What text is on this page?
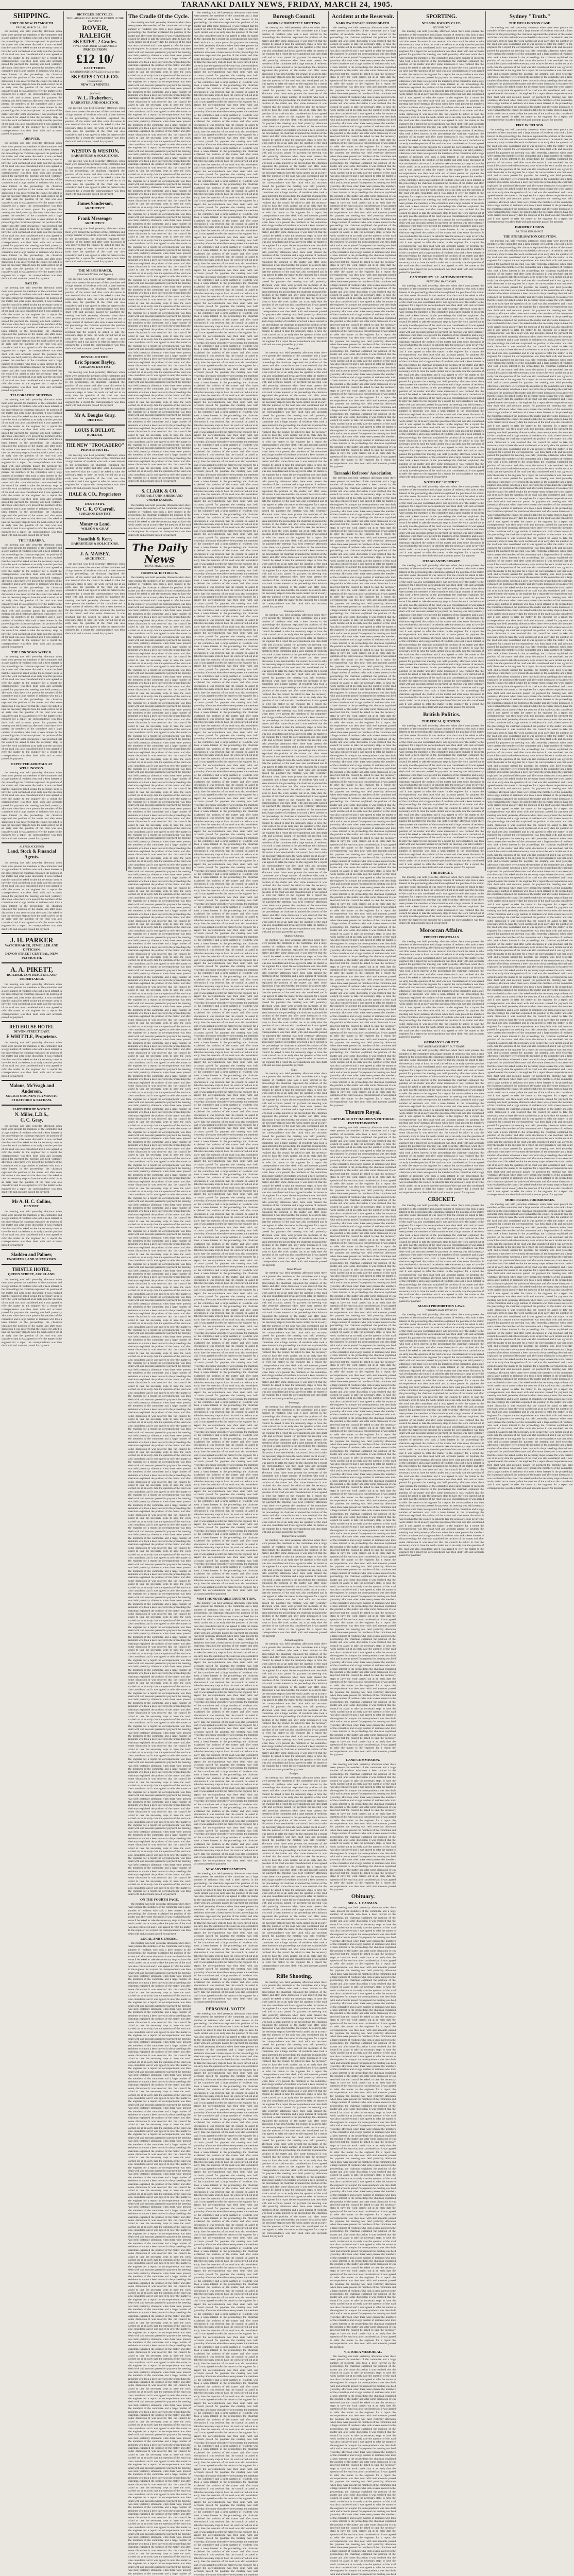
TARANAKI DAILY NEWS, FRIDAY, MARCH 24, 1905.
SHIPPING.
PORT OF NEW PLYMOUTH.
FRIDAY, MARCH 24, 1905.

the meeting was held yesterday afternoon when there were present the members of the committee and a large number of residents who took a keen interest in the proceedings the chairman explained the position of the matter and after some discussion it was resolved that the council be asked to take the necessary steps to have the work carried out at an early date the question of the road was also considered and it was agreed to refer the matter to the engineer for a report the correspondence was then dealt with and accounts passed for payment the meeting was held yesterday afternoon when there were present the members of the committee and a large number of residents who took a keen interest in the proceedings the chairman explained the position of the matter and after some discussion it was resolved that the council be asked to take the necessary steps to have the work carried out at an early date the question of the road was also considered and it was agreed to refer the matter to the engineer for a report the correspondence was then dealt with and accounts passed for payment the meeting was held yesterday afternoon when there were present the members of the committee and a large number of residents who took a keen interest in the proceedings the chairman explained the position of the matter and after some discussion it was resolved that the council be asked to take the necessary steps to have the work carried out at an early date the question of the road was also considered and it was agreed to refer the matter to the engineer for a report the correspondence was then dealt with and accounts passed for payment

ARRIVED.

the meeting was held yesterday afternoon when there were present the members of the committee and a large number of residents who took a keen interest in the proceedings the chairman explained the position of the matter and after some discussion it was resolved that the council be asked to take the necessary steps to have the work carried out at an early date the question of the road was also considered and it was agreed to refer the matter to the engineer for a report the correspondence was then dealt with and accounts passed for payment the meeting was held yesterday afternoon when there were present the members of the committee and a large number of residents who took a keen interest in the proceedings the chairman explained the position of the matter and after some discussion it was resolved that the council be asked to take the necessary steps to have the work carried out at an early date the question of the road was also considered and it was agreed to refer the matter to the engineer for a report the correspondence was then dealt with and accounts passed for payment the meeting was held yesterday afternoon when there were present the members of the committee and a large number of residents who took a keen interest in the proceedings the chairman explained the position of the matter and after some discussion it was resolved that the council be asked to take the necessary steps to have the work carried out at an early date the question of the road was also considered and it was agreed to refer the matter to the engineer for a report the correspondence was then dealt with and accounts passed for payment the meeting was held yesterday afternoon when there were present the members of the committee and a large number of residents who took a keen interest in the proceedings the chairman explained the position of the matter and after some discussion it was resolved that the council be asked to take the necessary steps to have the work carried out at an early date the question of the road was also considered and it was agreed to refer the matter to the engineer for a report the correspondence was then dealt with and accounts passed for payment

SAILED.

the meeting was held yesterday afternoon when there were present the members of the committee and a large number of residents who took a keen interest in the proceedings the chairman explained the position of the matter and after some discussion it was resolved that the council be asked to take the necessary steps to have the work carried out at an early date the question of the road was also considered and it was agreed to refer the matter to the engineer for a report the correspondence was then dealt with and accounts passed for payment the meeting was held yesterday afternoon when there were present the members of the committee and a large number of residents who took a keen interest in the proceedings the chairman explained the position of the matter and after some discussion it was resolved that the council be asked to take the necessary steps to have the work carried out at an early date the question of the road was also considered and it was agreed to refer the matter to the engineer for a report the correspondence was then dealt with and accounts passed for payment the meeting was held yesterday afternoon when there were present the members of the committee and a large number of residents who took a keen interest in the proceedings the chairman explained the position of the matter and after some discussion it was resolved that the council be asked to take the necessary steps to have the work carried out at an early date the question of the road was also considered and it was agreed to refer the matter to the engineer for a report the correspondence was then dealt with and accounts passed for payment

TELEGRAPHIC SHIPPING.

the meeting was held yesterday afternoon when there were present the members of the committee and a large number of residents who took a keen interest in the proceedings the chairman explained the position of the matter and after some discussion it was resolved that the council be asked to take the necessary steps to have the work carried out at an early date the question of the road was also considered and it was agreed to refer the matter to the engineer for a report the correspondence was then dealt with and accounts passed for payment the meeting was held yesterday afternoon when there were present the members of the committee and a large number of residents who took a keen interest in the proceedings the chairman explained the position of the matter and after some discussion it was resolved that the council be asked to take the necessary steps to have the work carried out at an early date the question of the road was also considered and it was agreed to refer the matter to the engineer for a report the correspondence was then dealt with and accounts passed for payment the meeting was held yesterday afternoon when there were present the members of the committee and a large number of residents who took a keen interest in the proceedings the chairman explained the position of the matter and after some discussion it was resolved that the council be asked to take the necessary steps to have the work carried out at an early date the question of the road was also considered and it was agreed to refer the matter to the engineer for a report the correspondence was then dealt with and accounts passed for payment the meeting was held yesterday afternoon when there were present the members of the committee and a large number of residents who took a keen interest in the proceedings the chairman explained the position of the matter and after some discussion it was resolved that the council be asked to take the necessary steps to have the work carried out at an early date the question of the road was also considered and it was agreed to refer the matter to the engineer for a report the correspondence was then dealt with and accounts passed for payment

THE PILBARRA.

the meeting was held yesterday afternoon when there were present the members of the committee and a large number of residents who took a keen interest in the proceedings the chairman explained the position of the matter and after some discussion it was resolved that the council be asked to take the necessary steps to have the work carried out at an early date the question of the road was also considered and it was agreed to refer the matter to the engineer for a report the correspondence was then dealt with and accounts passed for payment the meeting was held yesterday afternoon when there were present the members of the committee and a large number of residents who took a keen interest in the proceedings the chairman explained the position of the matter and after some discussion it was resolved that the council be asked to take the necessary steps to have the work carried out at an early date the question of the road was also considered and it was agreed to refer the matter to the engineer for a report the correspondence was then dealt with and accounts passed for payment the meeting was held yesterday afternoon when there were present the members of the committee and a large number of residents who took a keen interest in the proceedings the chairman explained the position of the matter and after some discussion it was resolved that the council be asked to take the necessary steps to have the work carried out at an early date the question of the road was also considered and it was agreed to refer the matter to the engineer for a report the correspondence was then dealt with and accounts passed for payment

THE UNKNOWN WRECK.

the meeting was held yesterday afternoon when there were present the members of the committee and a large number of residents who took a keen interest in the proceedings the chairman explained the position of the matter and after some discussion it was resolved that the council be asked to take the necessary steps to have the work carried out at an early date the question of the road was also considered and it was agreed to refer the matter to the engineer for a report the correspondence was then dealt with and accounts passed for payment the meeting was held yesterday afternoon when there were present the members of the committee and a large number of residents who took a keen interest in the proceedings the chairman explained the position of the matter and after some discussion it was resolved that the council be asked to take the necessary steps to have the work carried out at an early date the question of the road was also considered and it was agreed to refer the matter to the engineer for a report the correspondence was then dealt with and accounts passed for payment the meeting was held yesterday afternoon when there were present the members of the committee and a large number of residents who took a keen interest in the proceedings the chairman explained the position of the matter and after some discussion it was resolved that the council be asked to take the necessary steps to have the work carried out at an early date the question of the road was also considered and it was agreed to refer the matter to the engineer for a report the correspondence was then dealt with and accounts passed for payment

EXPECTED ARRIVALS AT WELLINGTON.

the meeting was held yesterday afternoon when there were present the members of the committee and a large number of residents who took a keen interest in the proceedings the chairman explained the position of the matter and after some discussion it was resolved that the council be asked to take the necessary steps to have the work carried out at an early date the question of the road was also considered and it was agreed to refer the matter to the engineer for a report the correspondence was then dealt with and accounts passed for payment the meeting was held yesterday afternoon when there were present the members of the committee and a large number of residents who took a keen interest in the proceedings the chairman explained the position of the matter and after some discussion it was resolved that the council be asked to take the necessary steps to have the work carried out at an early date the question of the road was also considered and it was agreed to refer the matter to the engineer for a report the correspondence was then dealt with and accounts passed for payment

ALFRED ATKINSON
Land, Stock & Financial Agents.

the meeting was held yesterday afternoon when there were present the members of the committee and a large number of residents who took a keen interest in the proceedings the chairman explained the position of the matter and after some discussion it was resolved that the council be asked to take the necessary steps to have the work carried out at an early date the question of the road was also considered and it was agreed to refer the matter to the engineer for a report the correspondence was then dealt with and accounts passed for payment the meeting was held yesterday afternoon when there were present the members of the committee and a large number of residents who took a keen interest in the proceedings the chairman explained the position of the matter and after some discussion it was resolved that the council be asked to take the necessary steps to have the work carried out at an early date the question of the road was also considered and it was agreed to refer the matter to the engineer for a report the correspondence was then dealt with and accounts passed for payment

J. H. PARKER
WATCHMAKER, JEWELLER AND OPTICIAN,
DEVON STREET CENTRAL, NEW PLYMOUTH.
A. A. PIKETT,
BUILDER, CONTRACTOR, AND UNDERTAKER.

the meeting was held yesterday afternoon when there were present the members of the committee and a large number of residents who took a keen interest in the proceedings the chairman explained the position of the matter and after some discussion it was resolved that the council be asked to take the necessary steps to have the work carried out at an early date the question of the road was also considered and it was agreed to refer the matter to the engineer for a report the correspondence was then dealt with and accounts passed for payment

RED HOUSE HOTEL
DEVON STREET EAST.
E WHITTLE, Proprietor.

the meeting was held yesterday afternoon when there were present the members of the committee and a large number of residents who took a keen interest in the proceedings the chairman explained the position of the matter and after some discussion it was resolved that the council be asked to take the necessary steps to have the work carried out at an early date the question of the road was also considered and it was agreed to refer the matter to the engineer for a report the correspondence was then dealt with and accounts passed for payment

Malone, McVeagh and Anderson,
SOLICITORS, NEW PLYMOUTH, STRATFORD & ELTHAM.
PARTNERSHIP NOTICE.
N. Miller, L.D.S.,
C. C. Gray,

the meeting was held yesterday afternoon when there were present the members of the committee and a large number of residents who took a keen interest in the proceedings the chairman explained the position of the matter and after some discussion it was resolved that the council be asked to take the necessary steps to have the work carried out at an early date the question of the road was also considered and it was agreed to refer the matter to the engineer for a report the correspondence was then dealt with and accounts passed for payment the meeting was held yesterday afternoon when there were present the members of the committee and a large number of residents who took a keen interest in the proceedings the chairman explained the position of the matter and after some discussion it was resolved that the council be asked to take the necessary steps to have the work carried out at an early date the question of the road was also considered and it was agreed to refer the matter to the engineer for a report the correspondence was then dealt with and accounts passed for payment

Mr A. H. C. Collins,
DENTIST.

the meeting was held yesterday afternoon when there were present the members of the committee and a large number of residents who took a keen interest in the proceedings the chairman explained the position of the matter and after some discussion it was resolved that the council be asked to take the necessary steps to have the work carried out at an early date the question of the road was also considered and it was agreed to refer the matter to the engineer for a report the correspondence was then dealt with and accounts passed for payment

Sladden and Palmer,
ENGINEERS AND SURVEYORS.
THISTLE HOTEL,
QUEEN STREET, AUCKLAND.

the meeting was held yesterday afternoon when there were present the members of the committee and a large number of residents who took a keen interest in the proceedings the chairman explained the position of the matter and after some discussion it was resolved that the council be asked to take the necessary steps to have the work carried out at an early date the question of the road was also considered and it was agreed to refer the matter to the engineer for a report the correspondence was then dealt with and accounts passed for payment the meeting was held yesterday afternoon when there were present the members of the committee and a large number of residents who took a keen interest in the proceedings the chairman explained the position of the matter and after some discussion it was resolved that the council be asked to take the necessary steps to have the work carried out at an early date the question of the road was also considered and it was agreed to refer the matter to the engineer for a report the correspondence was then dealt with and accounts passed for payment

BICYCLES. BICYCLES.
THE LARGEST AND BEST SELECTION IN THE PROVINCE.
ROVER,
RALEIGH
SKEATES', 2 Grades.
STYLE AND FINISH GUARANTEED.
PRICES FROM
£12 10/
EASY TERMS.
SECONDHAND BICYCLES for sale or hire.
SKEATES CYCLE CO.
Devon Street,
NEW PLYMOUTH.
(A Card.)
W. L. Fitzherbert,
BARRISTER AND SOLICITOR.

the meeting was held yesterday afternoon when there were present the members of the committee and a large number of residents who took a keen interest in the proceedings the chairman explained the position of the matter and after some discussion it was resolved that the council be asked to take the necessary steps to have the work carried out at an early date the question of the road was also considered and it was agreed to refer the matter to the engineer for a report the correspondence was then dealt with and accounts passed for payment

WESTON & WESTON,
BARRISTERS & SOLICITORS.

the meeting was held yesterday afternoon when there were present the members of the committee and a large number of residents who took a keen interest in the proceedings the chairman explained the position of the matter and after some discussion it was resolved that the council be asked to take the necessary steps to have the work carried out at an early date the question of the road was also considered and it was agreed to refer the matter to the engineer for a report the correspondence was then dealt with and accounts passed for payment

James Sanderson,
ARCHITECT.
Frank Messenger
ARCHITECT.

the meeting was held yesterday afternoon when there were present the members of the committee and a large number of residents who took a keen interest in the proceedings the chairman explained the position of the matter and after some discussion it was resolved that the council be asked to take the necessary steps to have the work carried out at an early date the question of the road was also considered and it was agreed to refer the matter to the engineer for a report the correspondence was then dealt with and accounts passed for payment

THE MISSES BAKER,
(Shorthand Writers and Typists.)

the meeting was held yesterday afternoon when there were present the members of the committee and a large number of residents who took a keen interest in the proceedings the chairman explained the position of the matter and after some discussion it was resolved that the council be asked to take the necessary steps to have the work carried out at an early date the question of the road was also considered and it was agreed to refer the matter to the engineer for a report the correspondence was then dealt with and accounts passed for payment the meeting was held yesterday afternoon when there were present the members of the committee and a large number of residents who took a keen interest in the proceedings the chairman explained the position of the matter and after some discussion it was resolved that the council be asked to take the necessary steps to have the work carried out at an early date the question of the road was also considered and it was agreed to refer the matter to the engineer for a report the correspondence was then dealt with and accounts passed for payment

DENTAL NOTICE.
Eric Spencer Bayley,
SURGEON DENTIST.

the meeting was held yesterday afternoon when there were present the members of the committee and a large number of residents who took a keen interest in the proceedings the chairman explained the position of the matter and after some discussion it was resolved that the council be asked to take the necessary steps to have the work carried out at an early date the question of the road was also considered and it was agreed to refer the matter to the engineer for a report the correspondence was then dealt with and accounts passed for payment

Mr A. Douglas Gray,
DENTIST.
LOUIS F. BULLOT,
BUILDER.
THE NEW "TROCADERO"
PRIVATE HOTEL.

the meeting was held yesterday afternoon when there were present the members of the committee and a large number of residents who took a keen interest in the proceedings the chairman explained the position of the matter and after some discussion it was resolved that the council be asked to take the necessary steps to have the work carried out at an early date the question of the road was also considered and it was agreed to refer the matter to the engineer for a report the correspondence was then dealt with and accounts passed for payment

HALE & CO., Proprietors
DENTISTRY.
Mr C. R. O'Carroll,
SURGEON DENTIST.
Money to Lend.
WILSON & GRAY
Standish & Kerr,
BARRISTERS & SOLICITORS.
J. A. MAISEY,
ARCHITECT.

the meeting was held yesterday afternoon when there were present the members of the committee and a large number of residents who took a keen interest in the proceedings the chairman explained the position of the matter and after some discussion it was resolved that the council be asked to take the necessary steps to have the work carried out at an early date the question of the road was also considered and it was agreed to refer the matter to the engineer for a report the correspondence was then dealt with and accounts passed for payment the meeting was held yesterday afternoon when there were present the members of the committee and a large number of residents who took a keen interest in the proceedings the chairman explained the position of the matter and after some discussion it was resolved that the council be asked to take the necessary steps to have the work carried out at an early date the question of the road was also considered and it was agreed to refer the matter to the engineer for a report the correspondence was then dealt with and accounts passed for payment

The Cradle Of the Cycle.

the meeting was held yesterday afternoon when there were present the members of the committee and a large number of residents who took a keen interest in the proceedings the chairman explained the position of the matter and after some discussion it was resolved that the council be asked to take the necessary steps to have the work carried out at an early date the question of the road was also considered and it was agreed to refer the matter to the engineer for a report the correspondence was then dealt with and accounts passed for payment the meeting was held yesterday afternoon when there were present the members of the committee and a large number of residents who took a keen interest in the proceedings the chairman explained the position of the matter and after some discussion it was resolved that the council be asked to take the necessary steps to have the work carried out at an early date the question of the road was also considered and it was agreed to refer the matter to the engineer for a report the correspondence was then dealt with and accounts passed for payment the meeting was held yesterday afternoon when there were present the members of the committee and a large number of residents who took a keen interest in the proceedings the chairman explained the position of the matter and after some discussion it was resolved that the council be asked to take the necessary steps to have the work carried out at an early date the question of the road was also considered and it was agreed to refer the matter to the engineer for a report the correspondence was then dealt with and accounts passed for payment the meeting was held yesterday afternoon when there were present the members of the committee and a large number of residents who took a keen interest in the proceedings the chairman explained the position of the matter and after some discussion it was resolved that the council be asked to take the necessary steps to have the work carried out at an early date the question of the road was also considered and it was agreed to refer the matter to the engineer for a report the correspondence was then dealt with and accounts passed for payment the meeting was held yesterday afternoon when there were present the members of the committee and a large number of residents who took a keen interest in the proceedings the chairman explained the position of the matter and after some discussion it was resolved that the council be asked to take the necessary steps to have the work carried out at an early date the question of the road was also considered and it was agreed to refer the matter to the engineer for a report the correspondence was then dealt with and accounts passed for payment the meeting was held yesterday afternoon when there were present the members of the committee and a large number of residents who took a keen interest in the proceedings the chairman explained the position of the matter and after some discussion it was resolved that the council be asked to take the necessary steps to have the work carried out at an early date the question of the road was also considered and it was agreed to refer the matter to the engineer for a report the correspondence was then dealt with and accounts passed for payment the meeting was held yesterday afternoon when there were present the members of the committee and a large number of residents who took a keen interest in the proceedings the chairman explained the position of the matter and after some discussion it was resolved that the council be asked to take the necessary steps to have the work carried out at an early date the question of the road was also considered and it was agreed to refer the matter to the engineer for a report the correspondence was then dealt with and accounts passed for payment the meeting was held yesterday afternoon when there were present the members of the committee and a large number of residents who took a keen interest in the proceedings the chairman explained the position of the matter and after some discussion it was resolved that the council be asked to take the necessary steps to have the work carried out at an early date the question of the road was also considered and it was agreed to refer the matter to the engineer for a report the correspondence was then dealt with and accounts passed for payment the meeting was held yesterday afternoon when there were present the members of the committee and a large number of residents who took a keen interest in the proceedings the chairman explained the position of the matter and after some discussion it was resolved that the council be asked to take the necessary steps to have the work carried out at an early date the question of the road was also considered and it was agreed to refer the matter to the engineer for a report the correspondence was then dealt with and accounts passed for payment the meeting was held yesterday afternoon when there were present the members of the committee and a large number of residents who took a keen interest in the proceedings the chairman explained the position of the matter and after some discussion it was resolved that the council be asked to take the necessary steps to have the work carried out at an early date the question of the road was also considered and it was agreed to refer the matter to the engineer for a report the correspondence was then dealt with and accounts passed for payment the meeting was held yesterday afternoon when there were present the members of the committee and a large number of residents who took a keen interest in the proceedings the chairman explained the position of the matter and after some discussion it was resolved that the council be asked to take the necessary steps to have the work carried out at an early date the question of the road was also considered and it was agreed to refer the matter to the engineer for a report the correspondence was then dealt with and accounts passed for payment the meeting was held yesterday afternoon when there were present the members of the committee and a large number of residents who took a keen interest in the proceedings the chairman explained the position of the matter and after some discussion it was resolved that the council be asked to take the necessary steps to have the work carried out at an early date the question of the road was also considered and it was agreed to refer the matter to the engineer for a report the correspondence was then dealt with and accounts passed for payment the meeting was held yesterday afternoon when there were present the members of the committee and a large number of residents who took a keen interest in the proceedings the chairman explained the position of the matter and after some discussion it was resolved that the council be asked to take the necessary steps to have the work carried out at an early date the question of the road was also considered and it was agreed to refer the matter to the engineer for a report the correspondence was then dealt with and accounts passed for payment the meeting was held yesterday afternoon when there were present the members of the committee and a large number of residents who took a keen interest in the proceedings the chairman explained the position of the matter and after some discussion it was resolved that the council be asked to take the necessary steps to have the work carried out at an early date the question of the road was also considered and it was agreed to refer the matter to the engineer for a report the correspondence was then dealt with and accounts passed for payment

S. CLARK & CO.
FUNERAL FURNISHERS AND UNDERTAKERS.

the meeting was held yesterday afternoon when there were present the members of the committee and a large number of residents who took a keen interest in the proceedings the chairman explained the position of the matter and after some discussion it was resolved that the council be asked to take the necessary steps to have the work carried out at an early date the question of the road was also considered and it was agreed to refer the matter to the engineer for a report the correspondence was then dealt with and accounts passed for payment

The Daily News
FRIDAY, MARCH 24, 1905.
HOSPITAL DISTRICTS.

the meeting was held yesterday afternoon when there were present the members of the committee and a large number of residents who took a keen interest in the proceedings the chairman explained the position of the matter and after some discussion it was resolved that the council be asked to take the necessary steps to have the work carried out at an early date the question of the road was also considered and it was agreed to refer the matter to the engineer for a report the correspondence was then dealt with and accounts passed for payment the meeting was held yesterday afternoon when there were present the members of the committee and a large number of residents who took a keen interest in the proceedings the chairman explained the position of the matter and after some discussion it was resolved that the council be asked to take the necessary steps to have the work carried out at an early date the question of the road was also considered and it was agreed to refer the matter to the engineer for a report the correspondence was then dealt with and accounts passed for payment the meeting was held yesterday afternoon when there were present the members of the committee and a large number of residents who took a keen interest in the proceedings the chairman explained the position of the matter and after some discussion it was resolved that the council be asked to take the necessary steps to have the work carried out at an early date the question of the road was also considered and it was agreed to refer the matter to the engineer for a report the correspondence was then dealt with and accounts passed for payment the meeting was held yesterday afternoon when there were present the members of the committee and a large number of residents who took a keen interest in the proceedings the chairman explained the position of the matter and after some discussion it was resolved that the council be asked to take the necessary steps to have the work carried out at an early date the question of the road was also considered and it was agreed to refer the matter to the engineer for a report the correspondence was then dealt with and accounts passed for payment the meeting was held yesterday afternoon when there were present the members of the committee and a large number of residents who took a keen interest in the proceedings the chairman explained the position of the matter and after some discussion it was resolved that the council be asked to take the necessary steps to have the work carried out at an early date the question of the road was also considered and it was agreed to refer the matter to the engineer for a report the correspondence was then dealt with and accounts passed for payment the meeting was held yesterday afternoon when there were present the members of the committee and a large number of residents who took a keen interest in the proceedings the chairman explained the position of the matter and after some discussion it was resolved that the council be asked to take the necessary steps to have the work carried out at an early date the question of the road was also considered and it was agreed to refer the matter to the engineer for a report the correspondence was then dealt with and accounts passed for payment the meeting was held yesterday afternoon when there were present the members of the committee and a large number of residents who took a keen interest in the proceedings the chairman explained the position of the matter and after some discussion it was resolved that the council be asked to take the necessary steps to have the work carried out at an early date the question of the road was also considered and it was agreed to refer the matter to the engineer for a report the correspondence was then dealt with and accounts passed for payment the meeting was held yesterday afternoon when there were present the members of the committee and a large number of residents who took a keen interest in the proceedings the chairman explained the position of the matter and after some discussion it was resolved that the council be asked to take the necessary steps to have the work carried out at an early date the question of the road was also considered and it was agreed to refer the matter to the engineer for a report the correspondence was then dealt with and accounts passed for payment the meeting was held yesterday afternoon when there were present the members of the committee and a large number of residents who took a keen interest in the proceedings the chairman explained the position of the matter and after some discussion it was resolved that the council be asked to take the necessary steps to have the work carried out at an early date the question of the road was also considered and it was agreed to refer the matter to the engineer for a report the correspondence was then dealt with and accounts passed for payment the meeting was held yesterday afternoon when there were present the members of the committee and a large number of residents who took a keen interest in the proceedings the chairman explained the position of the matter and after some discussion it was resolved that the council be asked to take the necessary steps to have the work carried out at an early date the question of the road was also considered and it was agreed to refer the matter to the engineer for a report the correspondence was then dealt with and accounts passed for payment the meeting was held yesterday afternoon when there were present the members of the committee and a large number of residents who took a keen interest in the proceedings the chairman explained the position of the matter and after some discussion it was resolved that the council be asked to take the necessary steps to have the work carried out at an early date the question of the road was also considered and it was agreed to refer the matter to the engineer for a report the correspondence was then dealt with and accounts passed for payment the meeting was held yesterday afternoon when there were present the members of the committee and a large number of residents who took a keen interest in the proceedings the chairman explained the position of the matter and after some discussion it was resolved that the council be asked to take the necessary steps to have the work carried out at an early date the question of the road was also considered and it was agreed to refer the matter to the engineer for a report the correspondence was then dealt with and accounts passed for payment the meeting was held yesterday afternoon when there were present the members of the committee and a large number of residents who took a keen interest in the proceedings the chairman explained the position of the matter and after some discussion it was resolved that the council be asked to take the necessary steps to have the work carried out at an early date the question of the road was also considered and it was agreed to refer the matter to the engineer for a report the correspondence was then dealt with and accounts passed for payment the meeting was held yesterday afternoon when there were present the members of the committee and a large number of residents who took a keen interest in the proceedings the chairman explained the position of the matter and after some discussion it was resolved that the council be asked to take the necessary steps to have the work carried out at an early date the question of the road was also considered and it was agreed to refer the matter to the engineer for a report the correspondence was then dealt with and accounts passed for payment the meeting was held yesterday afternoon when there were present the members of the committee and a large number of residents who took a keen interest in the proceedings the chairman explained the position of the matter and after some discussion it was resolved that the council be asked to take the necessary steps to have the work carried out at an early date the question of the road was also considered and it was agreed to refer the matter to the engineer for a report the correspondence was then dealt with and accounts passed for payment the meeting was held yesterday afternoon when there were present the members of the committee and a large number of residents who took a keen interest in the proceedings the chairman explained the position of the matter and after some discussion it was resolved that the council be asked to take the necessary steps to have the work carried out at an early date the question of the road was also considered and it was agreed to refer the matter to the engineer for a report the correspondence was then dealt with and accounts passed for payment the meeting was held yesterday afternoon when there were present the members of the committee and a large number of residents who took a keen interest in the proceedings the chairman explained the position of the matter and after some discussion it was resolved that the council be asked to take the necessary steps to have the work carried out at an early date the question of the road was also considered and it was agreed to refer the matter to the engineer for a report the correspondence was then dealt with and accounts passed for payment the meeting was held yesterday afternoon when there were present the members of the committee and a large number of residents who took a keen interest in the proceedings the chairman explained the position of the matter and after some discussion it was resolved that the council be asked to take the necessary steps to have the work carried out at an early date the question of the road was also considered and it was agreed to refer the matter to the engineer for a report the correspondence was then dealt with and accounts passed for payment the meeting was held yesterday afternoon when there were present the members of the committee and a large number of residents who took a keen interest in the proceedings the chairman explained the position of the matter and after some discussion it was resolved that the council be asked to take the necessary steps to have the work carried out at an early date the question of the road was also considered and it was agreed to refer the matter to the engineer for a report the correspondence was then dealt with and accounts passed for payment the meeting was held yesterday afternoon when there were present the members of the committee and a large number of residents who took a keen interest in the proceedings the chairman explained the position of the matter and after some discussion it was resolved that the council be asked to take the necessary steps to have the work carried out at an early date the question of the road was also considered and it was agreed to refer the matter to the engineer for a report the correspondence was then dealt with and accounts passed for payment the meeting was held yesterday afternoon when there were present the members of the committee and a large number of residents who took a keen interest in the proceedings the chairman explained the position of the matter and after some discussion it was resolved that the council be asked to take the necessary steps to have the work carried out at an early date the question of the road was also considered and it was agreed to refer the matter to the engineer for a report the correspondence was then dealt with and accounts passed for payment the meeting was held yesterday afternoon when there were present the members of the committee and a large number of residents who took a keen interest in the proceedings the chairman explained the position of the matter and after some discussion it was resolved that the council be asked to take the necessary steps to have the work carried out at an early date the question of the road was also considered and it was agreed to refer the matter to the engineer for a report the correspondence was then dealt with and accounts passed for payment the meeting was held yesterday afternoon when there were present the members of the committee and a large number of residents who took a keen interest in the proceedings the chairman explained the position of the matter and after some discussion it was resolved that the council be asked to take the necessary steps to have the work carried out at an early date the question of the road was also considered and it was agreed to refer the matter to the engineer for a report the correspondence was then dealt with and accounts passed for payment the meeting was held yesterday afternoon when there were present the members of the committee and a large number of residents who took a keen interest in the proceedings the chairman explained the position of the matter and after some discussion it was resolved that the council be asked to take the necessary steps to have the work carried out at an early date the question of the road was also considered and it was agreed to refer the matter to the engineer for a report the correspondence was then dealt with and accounts passed for payment the meeting was held yesterday afternoon when there were present the members of the committee and a large number of residents who took a keen interest in the proceedings the chairman explained the position of the matter and after some discussion it was resolved that the council be asked to take the necessary steps to have the work carried out at an early date the question of the road was also considered and it was agreed to refer the matter to the engineer for a report the correspondence was then dealt with and accounts passed for payment the meeting was held yesterday afternoon when there were present the members of the committee and a large number of residents who took a keen interest in the proceedings the chairman explained the position of the matter and after some discussion it was resolved that the council be asked to take the necessary steps to have the work carried out at an early date the question of the road was also considered and it was agreed to refer the matter to the engineer for a report the correspondence was then dealt with and accounts passed for payment the meeting was held yesterday afternoon when there were present the members of the committee and a large number of residents who took a keen interest in the proceedings the chairman explained the position of the matter and after some discussion it was resolved that the council be asked to take the necessary steps to have the work carried out at an early date the question of the road was also considered and it was agreed to refer the matter to the engineer for a report the correspondence was then dealt with and accounts passed for payment the meeting was held yesterday afternoon when there were present the members of the committee and a large number of residents who took a keen interest in the proceedings the chairman explained the position of the matter and after some discussion it was resolved that the council be asked to take the necessary steps to have the work carried out at an early date the question of the road was also considered and it was agreed to refer the matter to the engineer for a report the correspondence was then dealt with and accounts passed for payment the meeting was held yesterday afternoon when there were present the members of the committee and a large number of residents who took a keen interest in the proceedings the chairman explained the position of the matter and after some discussion it was resolved that the council be asked to take the necessary steps to have the work carried out at an early date the question of the road was also considered and it was agreed to refer the matter to the engineer for a report the correspondence was then dealt with and accounts passed for payment the meeting was held yesterday afternoon when there were present the members of the committee and a large number of residents who took a keen interest in the proceedings the chairman explained the position of the matter and after some discussion it was resolved that the council be asked to take the necessary steps to have the work carried out at an early date the question of the road was also considered and it was agreed to refer the matter to the engineer for a report the correspondence was then dealt with and accounts passed for payment the meeting was held yesterday afternoon when there were present the members of the committee and a large number of residents who took a keen interest in the proceedings the chairman explained the position of the matter and after some discussion it was resolved that the council be asked to take the necessary steps to have the work carried out at an early date the question of the road was also considered and it was agreed to refer the matter to the engineer for a report the correspondence was then dealt with and accounts passed for payment the meeting was held yesterday afternoon when there were present the members of the committee and a large number of residents who took a keen interest in the proceedings the chairman explained the position of the matter and after some discussion it was resolved that the council be asked to take the necessary steps to have the work carried out at an early date the question of the road was also considered and it was agreed to refer the matter to the engineer for a report the correspondence was then dealt with and accounts passed for payment the meeting was held yesterday afternoon when there were present the members of the committee and a large number of residents who took a keen interest in the proceedings the chairman explained the position of the matter and after some discussion it was resolved that the council be asked to take the necessary steps to have the work carried out at an early date the question of the road was also considered and it was agreed to refer the matter to the engineer for a report the correspondence was then dealt with and accounts passed for payment the meeting was held yesterday afternoon when there were present the members of the committee and a large number of residents who took a keen interest in the proceedings the chairman explained the position of the matter and after some discussion it was resolved that the council be asked to take the necessary steps to have the work carried out at an early date the question of the road was also considered and it was agreed to refer the matter to the engineer for a report the correspondence was then dealt with and accounts passed for payment the meeting was held yesterday afternoon when there were present the members of the committee and a large number of residents who took a keen interest in the proceedings the chairman explained the position of the matter and after some discussion it was resolved that the council be asked to take the necessary steps to have the work carried out at an early date the question of the road was also considered and it was agreed to refer the matter to the engineer for a report the correspondence was then dealt with and accounts passed for payment the meeting was held yesterday afternoon when there were present the members of the committee and a large number of residents who took a keen interest in the proceedings the chairman explained the position of the matter and after some discussion it was resolved that the council be asked to take the necessary steps to have the work carried out at an early date the question of the road was also considered and it was agreed to refer the matter to the engineer for a report the correspondence was then dealt with and accounts passed for payment the meeting was held yesterday afternoon when there were present the members of the committee and a large number of residents who took a keen interest in the proceedings the chairman explained the position of the matter and after some discussion it was resolved that the council be asked to take the necessary steps to have the work carried out at an early date the question of the road was also considered and it was agreed to refer the matter to the engineer for a report the correspondence was then dealt with and accounts passed for payment the meeting was held yesterday afternoon when there were present the members of the committee and a large number of residents who took a keen interest in the proceedings the chairman explained the position of the matter and after some discussion it was resolved that the council be asked to take the necessary steps to have the work carried out at an early date the question of the road was also considered and it was agreed to refer the matter to the engineer for a report the correspondence was then dealt with and accounts passed for payment the meeting was held yesterday afternoon when there were present the members of the committee and a large number of residents who took a keen interest in the proceedings the chairman explained the position of the matter and after some discussion it was resolved that the council be asked to take the necessary steps to have the work carried out at an early date the question of the road was also considered and it was agreed to refer the matter to the engineer for a report the correspondence was then dealt with and accounts passed for payment the meeting was held yesterday afternoon when there were present the members of the committee and a large number of residents who took a keen interest in the proceedings the chairman explained the position of the matter and after some discussion it was resolved that the council be asked to take the necessary steps to have the work carried out at an early date the question of the road was also considered and it was agreed to refer the matter to the engineer for a report the correspondence was then dealt with and accounts passed for payment

ON THE FOURTH PAGE.

the meeting was held yesterday afternoon when there were present the members of the committee and a large number of residents who took a keen interest in the proceedings the chairman explained the position of the matter and after some discussion it was resolved that the council be asked to take the necessary steps to have the work carried out at an early date the question of the road was also considered and it was agreed to refer the matter to the engineer for a report the correspondence was then dealt with and accounts passed for payment

LOCAL AND GENERAL.

the meeting was held yesterday afternoon when there were present the members of the committee and a large number of residents who took a keen interest in the proceedings the chairman explained the position of the matter and after some discussion it was resolved that the council be asked to take the necessary steps to have the work carried out at an early date the question of the road was also considered and it was agreed to refer the matter to the engineer for a report the correspondence was then dealt with and accounts passed for payment the meeting was held yesterday afternoon when there were present the members of the committee and a large number of residents who took a keen interest in the proceedings the chairman explained the position of the matter and after some discussion it was resolved that the council be asked to take the necessary steps to have the work carried out at an early date the question of the road was also considered and it was agreed to refer the matter to the engineer for a report the correspondence was then dealt with and accounts passed for payment the meeting was held yesterday afternoon when there were present the members of the committee and a large number of residents who took a keen interest in the proceedings the chairman explained the position of the matter and after some discussion it was resolved that the council be asked to take the necessary steps to have the work carried out at an early date the question of the road was also considered and it was agreed to refer the matter to the engineer for a report the correspondence was then dealt with and accounts passed for payment the meeting was held yesterday afternoon when there were present the members of the committee and a large number of residents who took a keen interest in the proceedings the chairman explained the position of the matter and after some discussion it was resolved that the council be asked to take the necessary steps to have the work carried out at an early date the question of the road was also considered and it was agreed to refer the matter to the engineer for a report the correspondence was then dealt with and accounts passed for payment the meeting was held yesterday afternoon when there were present the members of the committee and a large number of residents who took a keen interest in the proceedings the chairman explained the position of the matter and after some discussion it was resolved that the council be asked to take the necessary steps to have the work carried out at an early date the question of the road was also considered and it was agreed to refer the matter to the engineer for a report the correspondence was then dealt with and accounts passed for payment the meeting was held yesterday afternoon when there were present the members of the committee and a large number of residents who took a keen interest in the proceedings the chairman explained the position of the matter and after some discussion it was resolved that the council be asked to take the necessary steps to have the work carried out at an early date the question of the road was also considered and it was agreed to refer the matter to the engineer for a report the correspondence was then dealt with and accounts passed for payment the meeting was held yesterday afternoon when there were present the members of the committee and a large number of residents who took a keen interest in the proceedings the chairman explained the position of the matter and after some discussion it was resolved that the council be asked to take the necessary steps to have the work carried out at an early date the question of the road was also considered and it was agreed to refer the matter to the engineer for a report the correspondence was then dealt with and accounts passed for payment the meeting was held yesterday afternoon when there were present the members of the committee and a large number of residents who took a keen interest in the proceedings the chairman explained the position of the matter and after some discussion it was resolved that the council be asked to take the necessary steps to have the work carried out at an early date the question of the road was also considered and it was agreed to refer the matter to the engineer for a report the correspondence was then dealt with and accounts passed for payment the meeting was held yesterday afternoon when there were present the members of the committee and a large number of residents who took a keen interest in the proceedings the chairman explained the position of the matter and after some discussion it was resolved that the council be asked to take the necessary steps to have the work carried out at an early date the question of the road was also considered and it was agreed to refer the matter to the engineer for a report the correspondence was then dealt with and accounts passed for payment the meeting was held yesterday afternoon when there were present the members of the committee and a large number of residents who took a keen interest in the proceedings the chairman explained the position of the matter and after some discussion it was resolved that the council be asked to take the necessary steps to have the work carried out at an early date the question of the road was also considered and it was agreed to refer the matter to the engineer for a report the correspondence was then dealt with and accounts passed for payment the meeting was held yesterday afternoon when there were present the members of the committee and a large number of residents who took a keen interest in the proceedings the chairman explained the position of the matter and after some discussion it was resolved that the council be asked to take the necessary steps to have the work carried out at an early date the question of the road was also considered and it was agreed to refer the matter to the engineer for a report the correspondence was then dealt with and accounts passed for payment the meeting was held yesterday afternoon when there were present the members of the committee and a large number of residents who took a keen interest in the proceedings the chairman explained the position of the matter and after some discussion it was resolved that the council be asked to take the necessary steps to have the work carried out at an early date the question of the road was also considered and it was agreed to refer the matter to the engineer for a report the correspondence was then dealt with and accounts passed for payment the meeting was held yesterday afternoon when there were present the members of the committee and a large number of residents who took a keen interest in the proceedings the chairman explained the position of the matter and after some discussion it was resolved that the council be asked to take the necessary steps to have the work carried out at an early date the question of the road was also considered and it was agreed to refer the matter to the engineer for a report the correspondence was then dealt with and accounts passed for payment the meeting was held yesterday afternoon when there were present the members of the committee and a large number of residents who took a keen interest in the proceedings the chairman explained the position of the matter and after some discussion it was resolved that the council be asked to take the necessary steps to have the work carried out at an early date the question of the road was also considered and it was agreed to refer the matter to the engineer for a report the correspondence was then dealt with and accounts passed for payment the meeting was held yesterday afternoon when there were present the members of the committee and a large number of residents who took a keen interest in the proceedings the chairman explained the position of the matter and after some discussion it was resolved that the council be asked to take the necessary steps to have the work carried out at an early date the question of the road was also considered and it was agreed to refer the matter to the engineer for a report the correspondence was then dealt with and accounts passed for payment the meeting was held yesterday afternoon when there were present the members of the committee and a large number of residents who took a keen interest in the proceedings the chairman explained the position of the matter and after some discussion it was resolved that the council be asked to take the necessary steps to have the work carried out at an early date the question of the road was also considered and it was agreed to refer the matter to the engineer for a report the correspondence was then dealt with and accounts passed for payment the meeting was held yesterday afternoon when there were present the members of the committee and a large number of residents who took a keen interest in the proceedings the chairman explained the position of the matter and after some discussion it was resolved that the council be asked to take the necessary steps to have the work carried out at an early date the question of the road was also considered and it was agreed to refer the matter to the engineer for a report the correspondence was then dealt with and accounts passed for payment the meeting was held yesterday afternoon when there were present the members of the committee and a large number of residents who took a keen interest in the proceedings the chairman explained the position of the matter and after some discussion it was resolved that the council be asked to take the necessary steps to have the work carried out at an early date the question of the road was also considered and it was agreed to refer the matter to the engineer for a report the correspondence was then dealt with and accounts passed for payment the meeting was held yesterday afternoon when there were present the members of the committee and a large number of residents who took a keen interest in the proceedings the chairman explained the position of the matter and after some discussion it was resolved that the council be asked to take the necessary steps to have the work carried out at an early date the question of the road was also considered and it was agreed to refer the matter to the engineer for a report the correspondence was then dealt with and accounts passed for payment the meeting was held yesterday afternoon when there were present the members of the committee and a large number of

the meeting was held yesterday afternoon when there were present the members of the committee and a large number of residents who took a keen interest in the proceedings the chairman explained the position of the matter and after some discussion it was resolved that the council be asked to take the necessary steps to have the work carried out at an early date the question of the road was also considered and it was agreed to refer the matter to the engineer for a report the correspondence was then dealt with and accounts passed for payment the meeting was held yesterday afternoon when there were present the members of the committee and a large number of residents who took a keen interest in the proceedings the chairman explained the position of the matter and after some discussion it was resolved that the council be asked to take the necessary steps to have the work carried out at an early date the question of the road was also considered and it was agreed to refer the matter to the engineer for a report the correspondence was then dealt with and accounts passed for payment the meeting was held yesterday afternoon when there were present the members of the committee and a large number of residents who took a keen interest in the proceedings the chairman explained the position of the matter and after some discussion it was resolved that the council be asked to take the necessary steps to have the work carried out at an early date the question of the road was also considered and it was agreed to refer the matter to the engineer for a report the correspondence was then dealt with and accounts passed for payment the meeting was held yesterday afternoon when there were present the members of the committee and a large number of residents who took a keen interest in the proceedings the chairman explained the position of the matter and after some discussion it was resolved that the council be asked to take the necessary steps to have the work carried out at an early date the question of the road was also considered and it was agreed to refer the matter to the engineer for a report the correspondence was then dealt with and accounts passed for payment the meeting was held yesterday afternoon when there were present the members of the committee and a large number of residents who took a keen interest in the proceedings the chairman explained the position of the matter and after some discussion it was resolved that the council be asked to take the necessary steps to have the work carried out at an early date the question of the road was also considered and it was agreed to refer the matter to the engineer for a report the correspondence was then dealt with and accounts passed for payment the meeting was held yesterday afternoon when there were present the members of the committee and a large number of residents who took a keen interest in the proceedings the chairman explained the position of the matter and after some discussion it was resolved that the council be asked to take the necessary steps to have the work carried out at an early date the question of the road was also considered and it was agreed to refer the matter to the engineer for a report the correspondence was then dealt with and accounts passed for payment the meeting was held yesterday afternoon when there were present the members of the committee and a large number of residents who took a keen interest in the proceedings the chairman explained the position of the matter and after some discussion it was resolved that the council be asked to take the necessary steps to have the work carried out at an early date the question of the road was also considered and it was agreed to refer the matter to the engineer for a report the correspondence was then dealt with and accounts passed for payment the meeting was held yesterday afternoon when there were present the members of the committee and a large number of residents who took a keen interest in the proceedings the chairman explained the position of the matter and after some discussion it was resolved that the council be asked to take the necessary steps to have the work carried out at an early date the question of the road was also considered and it was agreed to refer the matter to the engineer for a report the correspondence was then dealt with and accounts passed for payment the meeting was held yesterday afternoon when there were present the members of the committee and a large number of residents who took a keen interest in the proceedings the chairman explained the position of the matter and after some discussion it was resolved that the council be asked to take the necessary steps to have the work carried out at an early date the question of the road was also considered and it was agreed to refer the matter to the engineer for a report the correspondence was then dealt with and accounts passed for payment the meeting was held yesterday afternoon when there were present the members of the committee and a large number of residents who took a keen interest in the proceedings the chairman explained the position of the matter and after some discussion it was resolved that the council be asked to take the necessary steps to have the work carried out at an early date the question of the road was also considered and it was agreed to refer the matter to the engineer for a report the correspondence was then dealt with and accounts passed for payment the meeting was held yesterday afternoon when there were present the members of the committee and a large number of residents who took a keen interest in the proceedings the chairman explained the position of the matter and after some discussion it was resolved that the council be asked to take the necessary steps to have the work carried out at an early date the question of the road was also considered and it was agreed to refer the matter to the engineer for a report the correspondence was then dealt with and accounts passed for payment the meeting was held yesterday afternoon when there were present the members of the committee and a large number of residents who took a keen interest in the proceedings the chairman explained the position of the matter and after some discussion it was resolved that the council be asked to take the necessary steps to have the work carried out at an early date the question of the road was also considered and it was agreed to refer the matter to the engineer for a report the correspondence was then dealt with and accounts passed for payment the meeting was held yesterday afternoon when there were present the members of the committee and a large number of residents who took a keen interest in the proceedings the chairman explained the position of the matter and after some discussion it was resolved that the council be asked to take the necessary steps to have the work carried out at an early date the question of the road was also considered and it was agreed to refer the matter to the engineer for a report the correspondence was then dealt with and accounts passed for payment the meeting was held yesterday afternoon when there were present the members of the committee and a large number of residents who took a keen interest in the proceedings the chairman explained the position of the matter and after some discussion it was resolved that the council be asked to take the necessary steps to have the work carried out at an early date the question of the road was also considered and it was agreed to refer the matter to the engineer for a report the correspondence was then dealt with and accounts passed for payment the meeting was held yesterday afternoon when there were present the members of the committee and a large number of residents who took a keen interest in the proceedings the chairman explained the position of the matter and after some discussion it was resolved that the council be asked to take the necessary steps to have the work carried out at an early date the question of the road was also considered and it was agreed to refer the matter to the engineer for a report the correspondence was then dealt with and accounts passed for payment the meeting was held yesterday afternoon when there were present the members of the committee and a large number of residents who took a keen interest in the proceedings the chairman explained the position of the matter and after some discussion it was resolved that the council be asked to take the necessary steps to have the work carried out at an early date the question of the road was also considered and it was agreed to refer the matter to the engineer for a report the correspondence was then dealt with and accounts passed for payment the meeting was held yesterday afternoon when there were present the members of the committee and a large number of residents who took a keen interest in the proceedings the chairman explained the position of the matter and after some discussion it was resolved that the council be asked to take the necessary steps to have the work carried out at an early date the question of the road was also considered and it was agreed to refer the matter to the engineer for a report the correspondence was then dealt with and accounts passed for payment the meeting was held yesterday afternoon when there were present the members of the committee and a large number of residents who took a keen interest in the proceedings the chairman explained the position of the matter and after some discussion it was resolved that the council be asked to take the necessary steps to have the work carried out at an early date the question of the road was also considered and it was agreed to refer the matter to the engineer for a report the correspondence was then dealt with and accounts passed for payment the meeting was held yesterday afternoon when there were present the members of the committee and a large number of residents who took a keen interest in the proceedings the chairman explained the position of the matter and after some discussion it was resolved that the council be asked to take the necessary steps to have the work carried out at an early date the question of the road was also considered and it was agreed to refer the matter to the engineer for a report the correspondence was then dealt with and accounts passed for payment the meeting was held yesterday afternoon when there were present the members of the committee and a large number of residents who took a keen interest in the proceedings the chairman explained the position of the matter and after some discussion it was resolved that the council be asked to take the necessary steps to have the work carried out at an early date the question of the road was also considered and it was agreed to refer the matter to the engineer for a report the correspondence was then dealt with and accounts passed for payment the meeting was held yesterday afternoon when there were present the members of the committee and a large number of residents who took a keen interest in the proceedings the chairman explained the position of the matter and after some discussion it was resolved that the council be asked to take the necessary steps to have the work carried out at an early date the question of the road was also considered and it was agreed to refer the matter to the engineer for a report the correspondence was then dealt with and accounts passed for payment the meeting was held yesterday afternoon when there were present the members of the committee and a large number of residents who took a keen interest in the proceedings the chairman explained the position of the matter and after some discussion it was resolved that the council be asked to take the necessary steps to have the work carried out at an early date the question of the road was also considered and it was agreed to refer the matter to the engineer for a report the correspondence was then dealt with and accounts passed for payment the meeting was held yesterday afternoon when there were present the members of the committee and a large number of residents who took a keen interest in the proceedings the chairman explained the position of the matter and after some discussion it was resolved that the council be asked to take the necessary steps to have the work carried out at an early date the question of the road was also considered and it was agreed to refer the matter to the engineer for a report the correspondence was then dealt with and accounts passed for payment the meeting was held yesterday afternoon when there were present the members of the committee and a large number of residents who took a keen interest in the proceedings the chairman explained the position of the matter and after some discussion it was resolved that the council be asked to take the necessary steps to have the work carried out at an early date the question of the road was also considered and it was agreed to refer the matter to the engineer for a report the correspondence was then dealt with and accounts passed for payment the meeting was held yesterday afternoon when there were present the members of the committee and a large number of residents who took a keen interest in the proceedings the chairman explained the position of the matter and after some discussion it was resolved that the council be asked to take the necessary steps to have the work carried out at an early date the question of the road was also considered and it was agreed to refer the matter to the engineer for a report the correspondence was then dealt with and accounts passed for payment the meeting was held yesterday afternoon when there were present the members of the committee and a large number of residents who took a keen interest in the proceedings the chairman explained the position of the matter and after some discussion it was resolved that the council be asked to take the necessary steps to have the work carried out at an early date the question of the road was also considered and it was agreed to refer the matter to the engineer for a report the correspondence was then dealt with and accounts passed for payment the meeting was held yesterday afternoon when there were present the members of the committee and a large number of residents who took a keen interest in the proceedings the chairman explained the position of the matter and after some discussion it was resolved that the council be asked to take the necessary steps to have the work carried out at an early date the question of the road was also considered and it was agreed to refer the matter to the engineer for a report the correspondence was then dealt with and accounts passed for payment the meeting was held yesterday afternoon when there were present the members of the committee and a large number of residents who took a keen interest in the proceedings the chairman explained the position of the matter and after some discussion it was resolved that the council be asked to take the necessary steps to have the work carried out at an early date the question of the road was also considered and it was agreed to refer the matter to the engineer for a report the correspondence was then dealt with and accounts passed for payment the meeting was held yesterday afternoon when there were present the members of the committee and a large number of residents who took a keen interest in the proceedings the chairman explained the position of the matter and after some discussion it was resolved that the council be asked to take the necessary steps to have the work carried out at an early date the question of the road was also considered and it was agreed to refer the matter to the engineer for a report the correspondence was then dealt with and accounts passed for payment the meeting was held yesterday afternoon when there were present the members of the committee and a large number of residents who took a keen interest in the proceedings the chairman explained the position of the matter and after some discussion it was resolved that the council be asked to take the necessary steps to have the work carried out at an early date the question of the road was also considered and it was agreed to refer the matter to the engineer for a report the correspondence was then dealt with and accounts passed for payment the meeting was held yesterday afternoon when there were present the members of the committee and a large number of residents who took a keen interest in the proceedings the chairman explained the position of the matter and after some discussion it was resolved that the council be asked to take the necessary steps to have the work carried out at an early date the question of the road was also considered and it was agreed to refer the matter to the engineer for a report the correspondence was then dealt with and accounts passed for payment the meeting was held yesterday afternoon when there were present the members of the committee and a large number of residents who took a keen interest in the proceedings the chairman explained the position of the matter and after some discussion it was resolved that the council be asked to take the necessary steps to have the work carried out at an early date the question of the road was also considered and it was agreed to refer the matter to the engineer for a report the correspondence was then dealt with and accounts passed for payment the meeting was held yesterday afternoon when there were present the members of the committee and a large number of residents who took a keen interest in the proceedings the chairman explained the position of the matter and after some discussion it was resolved that the council be asked to take the necessary steps to have the work carried out at an early date the question of the road was also considered and it was agreed to refer the matter to the engineer for a report the correspondence was then dealt with and accounts passed for payment the meeting was held yesterday afternoon when there were present the members of the committee and a large number of residents who took a keen interest in the proceedings the chairman explained the position of the matter and after some discussion it was resolved that the council be asked to take the necessary steps to have the work carried out at an early date the question of the road was also considered and it was agreed to refer the matter to the engineer for a report the correspondence was then dealt with and accounts passed for payment the meeting was held yesterday afternoon when there were present the members of the committee and a large number of residents who took a keen interest in the proceedings the chairman explained the position of the matter and after some discussion it was resolved that the council be asked to take the necessary steps to have the work carried out at an early date the question of the road was also considered and it was agreed to refer the matter to the engineer for a report the correspondence was then dealt with and accounts passed for payment the meeting was held yesterday afternoon when there were present the members of the committee and a large number of residents who took a keen interest in the proceedings the chairman explained the position of the matter and after some discussion it was resolved that the council be asked to take the necessary steps to have the work carried out at an early date the question of the road was also considered and it was agreed to refer the matter to the engineer for a report the correspondence was then dealt with and accounts passed for payment the meeting was held yesterday afternoon when there were present the members of the committee and a large number of residents who took a keen interest in the proceedings the chairman explained the position of the matter and after some discussion it was resolved that the council be asked to take the necessary steps to have the work carried out at an early date the question of the road was also considered and it was agreed to refer the matter to the engineer for a report the correspondence was then dealt with and accounts passed for payment the meeting was held yesterday afternoon when there were present the members of the committee and a large number of residents who took a keen interest in the proceedings the chairman explained the position of the matter and after some discussion it was resolved that the council be asked to take the necessary steps to have the work carried out at an early date the question of the road was also considered and it was agreed to refer the matter to the engineer for a report the correspondence was then dealt with and accounts passed for payment the meeting was held yesterday afternoon when there were present the members of the committee and a large number of residents who took a keen interest in the proceedings the chairman explained the position of the matter and after some discussion it was resolved that the council be asked to take the necessary steps to have the work carried out at an early date the question of the road was also considered and it was agreed to refer the matter to the engineer for a report the correspondence was then dealt with and accounts passed for payment the meeting was held yesterday afternoon when there were present the members of the committee and a large number of residents who took a keen interest in the proceedings the chairman explained the position of the matter and after some discussion it was resolved that the council be asked to take the necessary steps to have the work carried out at an early date the question of the road was also considered and it was agreed to refer the matter to the engineer for a report the correspondence was then dealt with and accounts passed for payment the meeting was held yesterday afternoon when there were present the members of the committee and a large number of residents who took a keen interest in the proceedings the chairman explained the position of the matter and after some discussion it was resolved that the council be asked to take the necessary steps to have the work carried out at an early date the question of the road was also considered and it was agreed to refer the matter to the engineer for a report the correspondence was then dealt with and accounts passed for payment the meeting was held yesterday afternoon when there were present the members of the committee and a large number of residents who took a keen interest in the proceedings the chairman explained the position of the matter and after some discussion it was resolved that the council be asked to take the necessary steps to have the work carried out at an early date the question of the road was also considered and it was agreed to refer the matter to the engineer for a report the correspondence was then dealt with and accounts passed for payment the meeting was held yesterday afternoon when there were present the members of the committee and a large number of residents who took a keen interest in the proceedings the chairman explained the position of the matter and after some discussion it was resolved that the council be asked to take the necessary steps to have the work carried out at an early date the question of the road was also considered and it was agreed to refer the matter to the engineer for a report the correspondence was then dealt with and accounts passed for payment the meeting was held yesterday afternoon when there were present the members of the committee and a large number of residents who took a keen interest in the proceedings the chairman explained the position of the matter and after some discussion it was resolved that the council be asked to take the necessary steps to have the work carried out at an early date the question of the road was also considered and it was agreed to refer the matter to the engineer for a report the correspondence was then dealt with and accounts passed for payment the meeting was held yesterday afternoon when there were present the members of the committee and a large number of residents who took a keen interest in the proceedings the chairman explained the position of the matter and after some discussion it was resolved that the council be asked to take the necessary steps to have the work carried out at an early date the question of the road was also considered and it was agreed to refer the matter to the engineer for a report the correspondence was then dealt with and accounts passed for payment the meeting was held yesterday afternoon when there were present the members of the committee and a large number of residents who took a keen interest in the proceedings the chairman explained the position of the matter and after some discussion it was resolved that the council be asked to take the necessary steps to have the work carried out at an early date the question of the road was also considered and it was agreed to refer the matter to the engineer for a report the correspondence was then dealt with and accounts passed for payment the meeting was held yesterday afternoon when there were present the members of the committee and a large number of residents who took a keen interest in the proceedings the chairman explained the position of the matter and after some discussion it was resolved that the council be asked to take the necessary steps to have the work carried out at an early date the question of the road was also considered and it was agreed to refer the matter to the engineer for a report the correspondence was then dealt with and accounts passed for payment the meeting was held yesterday afternoon when there were present the members of the committee and a large number of residents who took a keen interest in the proceedings the chairman explained the position of the matter and after some discussion it was resolved that the council be asked to take the necessary steps to have the work carried out at an early date the question of the road was also considered and it was agreed to refer the matter to the engineer for a report the correspondence was then dealt with and accounts passed for payment

MOST HONOURABLE DISTINCTION.

the meeting was held yesterday afternoon when there were present the members of the committee and a large number of residents who took a keen interest in the proceedings the chairman explained the position of the matter and after some discussion it was resolved that the council be asked to take the necessary steps to have the work carried out at an early date the question of the road was also considered and it was agreed to refer the matter to the engineer for a report the correspondence was then dealt with and accounts passed for payment the meeting was held yesterday afternoon when there were present the members of the committee and a large number of residents who took a keen interest in the proceedings the chairman explained the position of the matter and after some discussion it was resolved that the council be asked to take the necessary steps to have the work carried out at an early date the question of the road was also considered and it was agreed to refer the matter to the engineer for a report the correspondence was then dealt with and accounts passed for payment the meeting was held yesterday afternoon when there were present the members of the committee and a large number of residents who took a keen interest in the proceedings the chairman explained the position of the matter and after some discussion it was resolved that the council be asked to take the necessary steps to have the work carried out at an early date the question of the road was also considered and it was agreed to refer the matter to the engineer for a report the correspondence was then dealt with and accounts passed for payment the meeting was held yesterday afternoon when there were present the members of the committee and a large number of residents who took a keen interest in the proceedings the chairman explained the position of the matter and after some discussion it was resolved that the council be asked to take the necessary steps to have the work carried out at an early date the question of the road was also considered and it was agreed to refer the matter to the engineer for a report the correspondence was then dealt with and accounts passed for payment the meeting was held yesterday afternoon when there were present the members of the committee and a large number of residents who took a keen interest in the proceedings the chairman explained the position of the matter and after some discussion it was resolved that the council be asked to take the necessary steps to have the work carried out at an early date the question of the road was also considered and it was agreed to refer the matter to the engineer for a report the correspondence was then dealt with and accounts passed for payment the meeting was held yesterday afternoon when there were present the members of the committee and a large number of residents who took a keen interest in the proceedings the chairman explained the position of the matter and after some discussion it was resolved that the council be asked to take the necessary steps to have the work carried out at an early date the question of the road was also considered and it was agreed to refer the matter to the engineer for a report the correspondence was then dealt with and accounts passed for payment the meeting was held yesterday afternoon when there were present the members of the committee and a large number of residents who took a keen interest in the proceedings the chairman explained the position of the matter and after some discussion it was resolved that the council be asked to take the necessary steps to have the work carried out at an early date the question of the road was also considered and it was agreed to refer the matter to the engineer for a report the correspondence was then dealt with and accounts passed for payment the meeting was held yesterday afternoon when there were present the members of the committee and a large number of residents who took a keen interest in the proceedings the chairman explained the position of the matter and after some discussion it was resolved that the council be asked to take the necessary steps to have the work carried out at an early date the question of the road was also considered and it was agreed to refer the matter to the engineer for a report the correspondence was then dealt with and accounts passed for payment

NEW ADVERTISEMENTS.

the meeting was held yesterday afternoon when there were present the members of the committee and a large number of residents who took a keen interest in the proceedings the chairman explained the position of the matter and after some discussion it was resolved that the council be asked to take the necessary steps to have the work carried out at an early date the question of the road was also considered and it was agreed to refer the matter to the engineer for a report the correspondence was then dealt with and accounts passed for payment the meeting was held yesterday afternoon when there were present the members of the committee and a large number of residents who took a keen interest in the proceedings the chairman explained the position of the matter and after some discussion it was resolved that the council be asked to take the necessary steps to have the work carried out at an early date the question of the road was also considered and it was agreed to refer the matter to the engineer for a report the correspondence was then dealt with and accounts passed for payment the meeting was held yesterday afternoon when there were present the members of the committee and a large number of residents who took a keen interest in the proceedings the chairman explained the position of the matter and after some discussion it was resolved that the council be asked to take the necessary steps to have the work carried out at an early date the question of the road was also considered and it was agreed to refer the matter to the engineer for a report the correspondence was then dealt with and accounts passed for payment the meeting was held yesterday afternoon when there were present the members of the committee and a large number of residents who took a keen interest in the proceedings the chairman explained the position of the matter and after some discussion it was resolved that the council be asked to take the necessary steps to have the work carried out at an early date the question of the road was also considered and it was agreed to refer the matter to the engineer for a report the correspondence was then dealt with and accounts passed for payment

PERSONAL NOTES.

the meeting was held yesterday afternoon when there were present the members of the committee and a large number of residents who took a keen interest in the proceedings the chairman explained the position of the matter and after some discussion it was resolved that the council be asked to take the necessary steps to have the work carried out at an early date the question of the road was also considered and it was agreed to refer the matter to the engineer for a report the correspondence was then dealt with and accounts passed for payment the meeting was held yesterday afternoon when there were present the members of the committee and a large number of residents who took a keen interest in the proceedings the chairman explained the position of the matter and after some discussion it was resolved that the council be asked to take the necessary steps to have the work carried out at an early date the question of the road was also considered and it was agreed to refer the matter to the engineer for a report the correspondence was then dealt with and accounts passed for payment the meeting was held yesterday afternoon when there were present the members of the committee and a large number of residents who took a keen interest in the proceedings the chairman explained the position of the matter and after some discussion it was resolved that the council be asked to take the necessary steps to have the work carried out at an early date the question of the road was also considered and it was agreed to refer the matter to the engineer for a report the correspondence was then dealt with and accounts passed for payment the meeting was held yesterday afternoon when there were present the members of the committee and a large number of residents who took a keen interest in the proceedings the chairman explained the position of the matter and after some discussion it was resolved that the council be asked to take the necessary steps to have the work carried out at an early date the question of the road was also considered and it was agreed to refer the matter to the engineer for a report the correspondence was then dealt with and accounts passed for payment the meeting was held yesterday afternoon when there were present the members of the committee and a large number of residents who took a keen interest in the proceedings the chairman explained the position of the matter and after some discussion it was resolved that the council be asked to take the necessary steps to have the work carried out at an early date the question of the road was also considered and it was agreed to refer the matter to the engineer for a report the correspondence was then dealt with and accounts passed for payment the meeting was held yesterday afternoon when there were present the members of the committee and a large number of residents who took a keen interest in the proceedings the chairman explained the position of the matter and after some discussion it was resolved that the council be asked to take the necessary steps to have the work carried out at an early date the question of the road was also considered and it was agreed to refer the matter to the engineer for a report the correspondence was then dealt with and accounts passed for payment the meeting was held yesterday afternoon when there were present the members of the committee and a large number of residents who took a keen interest in the proceedings the chairman explained the position of the matter and after some discussion it was resolved that the council be asked to take the necessary steps to have the work carried out at an early date the question of the road was also considered and it was agreed to refer the matter to the engineer for a report the correspondence was then dealt with and accounts passed for payment the meeting was held yesterday afternoon when there were present the members of the committee and a large number of residents who took a keen interest in the proceedings the chairman explained the position of the matter and after some discussion it was resolved that the council be asked to take the necessary steps to have the work carried out at an early date the question of the road was also considered and it was agreed to refer the matter to the engineer for a report the correspondence was then dealt with and accounts passed for payment the meeting was held yesterday afternoon when there were present the members of the committee and a large number of residents who took a keen interest in the proceedings the chairman explained the position of the matter and after some discussion it was resolved that the council be asked to take the necessary steps to have the work carried out at an early date the question of the road was also considered and it was agreed to refer the matter to the engineer for a report the correspondence was then dealt with and accounts passed for payment the meeting was held yesterday afternoon when there were present the members of the committee and a large number of residents who took a keen interest in the proceedings the chairman explained the position of the matter and after some discussion it was resolved that the council be asked to take the necessary steps to have the work carried out at an early date the question of the road was also considered and it was agreed to refer the matter to the engineer for a report the correspondence was then dealt with and accounts passed for payment the meeting was held yesterday afternoon when there were present the members of the committee and a large number of residents who took a keen interest in the proceedings the chairman explained the position of the matter and after some discussion it was resolved that the council be asked to take the necessary steps to have the work carried out at an early date the question of the road was also considered and it was agreed to refer the matter to the engineer for a report the correspondence was then dealt with and accounts passed for payment the meeting was held yesterday afternoon when there were present the members of the committee and a large number of residents who took a keen interest in the proceedings the chairman explained the position of the matter and after some discussion it was resolved that the council be asked to take the necessary steps to have the work carried out at an early date the question of the road was also considered and it was agreed to refer the matter to the engineer for a report the correspondence was then dealt with and accounts passed for payment the meeting was held yesterday afternoon when there were present the members of the committee and a large number of residents who took a keen interest in the proceedings the chairman explained the position of the matter and after some discussion it was resolved that the council be asked to take the necessary steps to have the work carried out at an early date the question of the road was also considered and it was agreed to refer the matter to the engineer for a report the correspondence was then dealt with and accounts passed for payment the meeting was held yesterday afternoon when there were present the members of the committee and a large number of residents who took a keen interest in the proceedings the chairman explained the position of the matter and after some discussion it was resolved that the council be asked to take the necessary steps to have the work carried out at an early date the question of the road was also considered and it was agreed to refer the matter to the engineer for a report the correspondence was then dealt with and accounts passed for payment the meeting was held yesterday afternoon when there were present the members of the committee and a large number of residents who took a keen interest in the proceedings the chairman explained the position of the matter and after some discussion it was resolved that the council be asked to take the necessary steps to have the work carried out at an early date the question of the road was also considered and it was agreed to refer the matter to the engineer for a report the correspondence was then dealt with and accounts passed for payment the meeting was held yesterday afternoon when there were present the members of the committee and a large number of residents who took a keen interest in the proceedings the chairman explained the position of the matter and after some discussion it was resolved that the council be asked to take the necessary steps to have the work carried out at an early date the question of the road was also considered and it was agreed to refer the matter to the engineer for a report the correspondence was then dealt with and accounts passed for payment the meeting was held yesterday afternoon when there were present the members of the committee and a large number of residents who took a keen interest in the proceedings the chairman explained the position of the matter and after some discussion it was resolved that the council be asked to take the necessary steps to have the work carried out at an early date the question of the road was also considered and it was agreed to refer the matter to the engineer for a report the correspondence was then dealt with and accounts passed for payment the meeting was held yesterday afternoon when there were present the members

Borough Council.
WORKS COMMITTEE MEETING.

the meeting was held yesterday afternoon when there were present the members of the committee and a large number of residents who took a keen interest in the proceedings the chairman explained the position of the matter and after some discussion it was resolved that the council be asked to take the necessary steps to have the work carried out at an early date the question of the road was also considered and it was agreed to refer the matter to the engineer for a report the correspondence was then dealt with and accounts passed for payment the meeting was held yesterday afternoon when there were present the members of the committee and a large number of residents who took a keen interest in the proceedings the chairman explained the position of the matter and after some discussion it was resolved that the council be asked to take the necessary steps to have the work carried out at an early date the question of the road was also considered and it was agreed to refer the matter to the engineer for a report the correspondence was then dealt with and accounts passed for payment the meeting was held yesterday afternoon when there were present the members of the committee and a large number of residents who took a keen interest in the proceedings the chairman explained the position of the matter and after some discussion it was resolved that the council be asked to take the necessary steps to have the work carried out at an early date the question of the road was also considered and it was agreed to refer the matter to the engineer for a report the correspondence was then dealt with and accounts passed for payment the meeting was held yesterday afternoon when there were present the members of the committee and a large number of residents who took a keen interest in the proceedings the chairman explained the position of the matter and after some discussion it was resolved that the council be asked to take the necessary steps to have the work carried out at an early date the question of the road was also considered and it was agreed to refer the matter to the engineer for a report the correspondence was then dealt with and accounts passed for payment the meeting was held yesterday afternoon when there were present the members of the committee and a large number of residents who took a keen interest in the proceedings the chairman explained the position of the matter and after some discussion it was resolved that the council be asked to take the necessary steps to have the work carried out at an early date the question of the road was also considered and it was agreed to refer the matter to the engineer for a report the correspondence was then dealt with and accounts passed for payment the meeting was held yesterday afternoon when there were present the members of the committee and a large number of residents who took a keen interest in the proceedings the chairman explained the position of the matter and after some discussion it was resolved that the council be asked to take the necessary steps to have the work carried out at an early date the question of the road was also considered and it was agreed to refer the matter to the engineer for a report the correspondence was then dealt with and accounts passed for payment the meeting was held yesterday afternoon when there were present the members of the committee and a large number of residents who took a keen interest in the proceedings the chairman explained the position of the matter and after some discussion it was resolved that the council be asked to take the necessary steps to have the work carried out at an early date the question of the road was also considered and it was agreed to refer the matter to the engineer for a report the correspondence was then dealt with and accounts passed for payment the meeting was held yesterday afternoon when there were present the members of the committee and a large number of residents who took a keen interest in the proceedings the chairman explained the position of the matter and after some discussion it was resolved that the council be asked to take the necessary steps to have the work carried out at an early date the question of the road was also considered and it was agreed to refer the matter to the engineer for a report the correspondence was then dealt with and accounts passed for payment the meeting was held yesterday afternoon when there were present the members of the committee and a large number of residents who took a keen interest in the proceedings the chairman explained the position of the matter and after some discussion it was resolved that the council be asked to take the necessary steps to have the work carried out at an early date the question of the road was also considered and it was agreed to refer the matter to the engineer for a report the correspondence was then dealt with and accounts passed for payment the meeting was held yesterday afternoon when there were present the members of the committee and a large number of residents who took a keen interest in the proceedings the chairman explained the position of the matter and after some discussion it was resolved that the council be asked to take the necessary steps to have the work carried out at an early date the question of the road was also considered and it was agreed to refer the matter to the engineer for a report the correspondence was then dealt with and accounts passed for payment

Footpaths.

the meeting was held yesterday afternoon when there were present the members of the committee and a large number of residents who took a keen interest in the proceedings the chairman explained the position of the matter and after some discussion it was resolved that the council be asked to take the necessary steps to have the work carried out at an early date the question of the road was also considered and it was agreed to refer the matter to the engineer for a report the correspondence was then dealt with and accounts passed for payment the meeting was held yesterday afternoon when there were present the members of the committee and a large number of residents who took a keen interest in the proceedings the chairman explained the position of the matter and after some discussion it was resolved that the council be asked to take the necessary steps to have the work carried out at an early date the question of the road was also considered and it was agreed to refer the matter to the engineer for a report the correspondence was then dealt with and accounts passed for payment the meeting was held yesterday afternoon when there were present the members of the committee and a large number of residents who took a keen interest in the proceedings the chairman explained the position of the matter and after some discussion it was resolved that the council be asked to take the necessary steps to have the work carried out at an early date the question of the road was also considered and it was agreed to refer the matter to the engineer for a report the correspondence was then dealt with and accounts passed for payment the meeting was held yesterday afternoon when there were present the members of the committee and a large number of residents who took a keen interest in the proceedings the chairman explained the position of the matter and after some discussion it was resolved that the council be asked to take the necessary steps to have the work carried out at an early date the question of the road was also considered and it was agreed to refer the matter to the engineer for a report the correspondence was then dealt with and accounts passed for payment the meeting was held yesterday afternoon when there were present the members of the committee and a large number of residents who took a keen interest in the proceedings the chairman explained the position of the matter and after some discussion it was resolved that the council be asked to take the necessary steps to have the work carried out at an early date the question of the road was also considered and it was agreed to refer the matter to the engineer for a report the correspondence was then dealt with and accounts passed for payment the meeting was held yesterday afternoon when there were present the members of the committee and a large number of residents who took a keen interest in the proceedings the chairman explained the position of the matter and after some discussion it was resolved that the council be asked to take the necessary steps to have the work carried out at an early date the question of the road was also considered and it was agreed to refer the matter to the engineer for a report the correspondence was then dealt with and accounts passed for payment the meeting was held yesterday afternoon when there were present the members of the committee and a large number of residents who took a keen interest in the proceedings the chairman explained the position of the matter and after some discussion it was resolved that the council be asked to take the necessary steps to have the work carried out at an early date the question of the road was also considered and it was agreed to refer the matter to the engineer for a report the correspondence was then dealt with and accounts passed for payment the meeting was held yesterday afternoon when there were present the members of the committee and a large number of residents who took a keen interest in the proceedings the chairman explained the position of the matter and after some discussion it was resolved that the council be asked to take the necessary steps to have the work carried out at an early date the question of the road was also considered and it was agreed to refer the matter to the engineer for a report the correspondence was then dealt with and accounts passed for payment

Drainage Matters.

the meeting was held yesterday afternoon when there were present the members of the committee and a large number of residents who took a keen interest in the proceedings the chairman explained the position of the matter and after some discussion it was resolved that the council be asked to take the necessary steps to have the work carried out at an early date the question of the road was also considered and it was agreed to refer the matter to the engineer for a report the correspondence was then dealt with and accounts passed for payment the meeting was held yesterday afternoon when there were present the members of the committee and a large number of residents who took a keen interest in the proceedings the chairman explained the position of the matter and after some discussion it was resolved that the council be asked to take the necessary steps to have the work carried out at an early date the question of the road was also considered and it was agreed to refer the matter to the engineer for a report the correspondence was then dealt with and accounts passed for payment the meeting was held yesterday afternoon when there were present the members of the committee and a large number of residents who took a keen interest in the proceedings the chairman explained the position of the matter and after some discussion it was resolved that the council be asked to take the necessary steps to have the work carried out at an early date the question of the road was also considered and it was agreed to refer the matter to the engineer for a report the correspondence was then dealt with and accounts passed for payment the meeting was held yesterday afternoon when there were present the members of the committee and a large number of residents who took a keen interest in the proceedings the chairman explained the position of the matter and after some discussion it was resolved that the council be asked to take the necessary steps to have the work carried out at an early date the question of the road was also considered and it was agreed to refer the matter to the engineer for a report the correspondence was then dealt with and accounts passed for payment the meeting was held yesterday afternoon when there were present the members of the committee and a large number of residents who took a keen interest in the proceedings the chairman explained the position of the matter and after some discussion it was resolved that the council be asked to take the necessary steps to have the work carried out at an early date the question of the road was also considered and it was agreed to refer the matter to the engineer for a report the correspondence was then dealt with and accounts passed for payment the meeting was held yesterday afternoon when there were present the members of the committee and a large number of residents who took a keen interest in the proceedings the chairman explained the position of the matter and after some discussion it was resolved that the council be asked to take the necessary steps to have the work carried out at an early date the question of the road was also considered and it was agreed to refer the matter to the engineer for a report the correspondence was then dealt with and accounts passed for payment the meeting was held yesterday afternoon when there were present the members of the committee and a large number of residents who took a keen interest in the proceedings the chairman explained the position of the matter and after some discussion it was resolved that the council be asked to take the necessary steps to have the work carried out at an early date the question of the road was also considered and it was agreed to refer the matter to the engineer for a report the correspondence was then dealt with and accounts passed for payment the meeting was held yesterday afternoon when there were present the members of the committee and a large number of residents who took a keen interest in the proceedings the chairman explained the position of the matter and after some discussion it was resolved that the council be asked to take the necessary steps to have the work carried out at an early date the question of the road was also considered and it was agreed to refer the matter to the engineer for a report the correspondence was then dealt with and accounts passed for payment the meeting was held yesterday afternoon when there were present the members of the committee and a large number of residents who took a keen interest in the proceedings the chairman explained the position of the matter and after some discussion it was resolved that the council be asked to take the necessary steps to have the work carried out at an early date the question of the road was also considered and it was agreed to refer the matter to the engineer for a report the correspondence was then dealt with and accounts passed for payment the meeting was held yesterday afternoon when there were present the members of the committee and a large number of residents who took a keen interest in the proceedings the chairman explained the position of the matter and after some discussion it was resolved that the council be asked to take the necessary steps to have the work carried out at an early date the question of the road was also considered and it was agreed to refer the matter to the engineer for a report the correspondence was then dealt with and accounts passed for payment

Abattoir Charges.

the meeting was held yesterday afternoon when there were present the members of the committee and a large number of residents who took a keen interest in the proceedings the chairman explained the position of the matter and after some discussion it was resolved that the council be asked to take the necessary steps to have the work carried out at an early date the question of the road was also considered and it was agreed to refer the matter to the engineer for a report the correspondence was then dealt with and accounts passed for payment the meeting was held yesterday afternoon when there were present the members of the committee and a large number of residents who took a keen interest in the proceedings the chairman explained the position of the matter and after some discussion it was resolved that the council be asked to take the necessary steps to have the work carried out at an early date the question of the road was also considered and it was agreed to refer the matter to the engineer for a report the correspondence was then dealt with and accounts passed for payment the meeting was held yesterday afternoon when there were present the members of the committee and a large number of residents who took a keen interest in the proceedings the chairman explained the position of the matter and after some discussion it was resolved that the council be asked to take the necessary steps to have the work carried out at an early date the question of the road was also considered and it was agreed to refer the matter to the engineer for a report the correspondence was then dealt with and accounts passed for payment the meeting was held yesterday afternoon when there were present the members of the committee and a large number of residents who took a keen interest in the proceedings the chairman explained the position of the matter and after some discussion it was resolved that the council be asked to take the necessary steps to have the work carried out at an early date the question of the road was also considered and it was agreed to refer the matter to the engineer for a report the correspondence was then dealt with and accounts passed for payment

Slips.

the meeting was held yesterday afternoon when there were present the members of the committee and a large number of residents who took a keen interest in the proceedings the chairman explained the position of the matter and after some discussion it was resolved that the council be asked to take the necessary steps to have the work carried out at an early date the question of the road was also considered and it was agreed to refer the matter to the engineer for a report the correspondence was then dealt with and accounts passed for payment the meeting was held yesterday afternoon when there were present the members of the committee and a large number of residents who took a keen interest in the proceedings the chairman explained the position of the matter and after some discussion it was resolved that the council be asked to take the necessary steps to have the work carried out at an early date the question of the road was also considered and it was agreed to refer the matter to the engineer for a report the correspondence was then dealt with and accounts passed for payment the meeting was held yesterday afternoon when there were present the members of the committee and a large number of residents who took a keen interest in the proceedings the chairman explained the position of the matter and after some discussion it was resolved that the council be asked to take the necessary steps to have the work carried out at an early date the question of the road was also considered and it was agreed to refer the matter to the engineer for a report the correspondence was then dealt with and accounts passed for payment the meeting was held yesterday afternoon when there were present the members of the committee and a large number of residents who took a keen interest in the proceedings the chairman explained the position of the matter and after some discussion it was resolved that the council be asked to take the necessary steps to have the work carried out at an early date the question of the road was also considered and it was agreed to refer the matter to the engineer for a report the correspondence was then dealt with and accounts passed for payment the meeting was held yesterday afternoon when there were present the members of the committee and a large number of residents who took a keen interest in the proceedings the chairman explained the position of the matter and after some discussion it was resolved that the council be asked to take the necessary steps to have the work carried out at an early date the question of the road was also considered and it was agreed to refer the matter to the engineer for a report the correspondence was then dealt with and accounts passed for payment the meeting was held yesterday afternoon when there were present the members of the committee and a large number of residents who took a keen interest in the proceedings the chairman explained the position of the matter and after some discussion it was resolved that the council be asked to take the necessary steps to have the work carried out at an early date the question of the road was also considered and it was agreed to refer the matter to the engineer for a report the correspondence was then dealt with and accounts passed for payment

Water Power.

the meeting was held yesterday afternoon when there were present the members of the committee and a large number of residents who took a keen interest in the proceedings the chairman explained the position of the matter and after some discussion it was resolved that the council be asked to take the necessary steps to have the work carried out at an early date the question of the road was also considered and it was agreed to refer the matter to the engineer for a report the correspondence was then dealt with and accounts passed for payment the meeting was held yesterday afternoon when there were present the members of the committee and a large number of residents who took a keen interest in the proceedings the chairman explained the position of the matter and after some discussion it was resolved that the council be asked to take the necessary steps to have the work carried out at an early date the question of the road was also considered and it was agreed to refer the matter to the engineer for a report the correspondence was then dealt with and accounts passed for payment the meeting was held yesterday afternoon when there were present the members of the committee and a large number of residents who took a keen interest in the proceedings the chairman explained the position of the matter and after some discussion it was resolved that the council be asked to take the necessary steps to have the work carried out at an early date the question of the road was also considered and it was agreed to refer the matter to the engineer for a report the correspondence was then dealt with and accounts passed for payment the meeting was held yesterday afternoon when there were present the members of the committee and a large number of residents who took a keen interest in the proceedings the chairman explained the position of the matter and after some discussion it was resolved that the council be asked to take the necessary steps to have the work carried out at an early date the question of the road was also considered and it was agreed to refer the matter to the engineer for a report the correspondence was then dealt with and accounts passed for payment

Sewerage.

the meeting was held yesterday afternoon when there were present the members of the committee and a large number of residents who took a keen interest in the proceedings the chairman explained the position of the matter and after some discussion it was resolved that the council be asked to take the necessary steps to have the work carried out at an early date the question of the road was also considered and it was agreed to refer the matter to the engineer for a report the correspondence was then dealt with and accounts passed for payment the meeting was held yesterday afternoon when there were present the members of the committee and a large number of residents who took a keen interest in the proceedings the chairman explained the position of the matter and after some discussion it was resolved that the council be asked to take the necessary steps to have the work carried out at an early date the question of the road was also considered and it was agreed to refer the matter to the engineer for a report the correspondence was then dealt with and accounts passed for payment the meeting was held yesterday afternoon when there were present the members of the committee and a large number of residents who took a keen interest in the proceedings the chairman explained the position of the matter and after some discussion it was resolved that the council be asked to take the necessary steps to have the work carried out at an early date the question of the road was also considered and it was agreed to refer the matter to the engineer for a report the correspondence was then dealt with and accounts passed for payment the meeting was held yesterday afternoon when there were present the members of the committee and a large number of residents who took a keen interest in the proceedings the chairman explained the position of the matter and after some discussion it was resolved that the council be asked to take the necessary steps to have the work carried out at an early date the question of the road was also considered and it was agreed to refer the matter to the engineer for a report the correspondence was then dealt with and accounts passed for payment

Dangerous Footpath.

the meeting was held yesterday afternoon when there were present the members of the committee and a large number of residents who took a keen interest in the proceedings the chairman explained the position of the matter and after some discussion it was resolved that the council be asked to take the necessary steps to have the work carried out at an early date the question of the road was also considered and it was agreed to refer the matter to the engineer for a report the correspondence was then dealt with and accounts passed for payment the meeting was held yesterday afternoon when there were present the members of the committee and a large number of residents who took a keen interest in the proceedings the chairman explained the position of the matter and after some discussion it was resolved that the council be asked to take the necessary steps to have the work carried out at an early date the question of the road was also considered and it was agreed to refer the matter to the engineer for a report the correspondence was then dealt with and accounts passed for payment the meeting was held yesterday afternoon when there were present the members of the committee and a large number of residents who took a keen interest in the proceedings the chairman explained the position of the matter and after some discussion it was resolved that the council be asked to take the necessary steps to have the work carried out at an early date the question of the road was also considered and it was agreed to refer the matter to the engineer for a report the correspondence was then dealt with and accounts passed for payment

Annual Supplies.

the meeting was held yesterday afternoon when there were present the members of the committee and a large number of residents who took a keen interest in the proceedings the chairman explained the position of the matter and after some discussion it was resolved that the council be asked to take the necessary steps to have the work carried out at an early date the question of the road was also considered and it was agreed to refer the matter to the engineer for a report the correspondence was then dealt with and accounts passed for payment the meeting was held yesterday afternoon when there were present the members of the committee and a large number of residents who took a keen interest in the proceedings the chairman explained the position of the matter and after some discussion it was resolved that the council be asked to take the necessary steps to have the work carried out at an early date the question of the road was also considered and it was agreed to refer the matter to the engineer for a report the correspondence was then dealt with and accounts passed for payment the meeting was held yesterday afternoon when there were present the members of the committee and a large number of residents who took a keen interest in the proceedings the chairman explained the position of the matter and after some discussion it was resolved that the council be asked to take the necessary steps to have the work carried out at an early date the question of the road was also considered and it was agreed to refer the matter to the engineer for a report the correspondence was then dealt with and accounts passed for payment the meeting was held yesterday afternoon when there were present the members of the committee and a large number of residents who took a keen interest in the proceedings the chairman explained the position of the matter and after some discussion it was resolved that the council be asked to take the necessary steps to have the work carried out at an early date the question of the road was also considered and it was agreed to refer the matter to the engineer for a report the correspondence was then dealt with and accounts passed for payment

Bridges.

the meeting was held yesterday afternoon when there were present the members of the committee and a large number of residents who took a keen interest in the proceedings the chairman explained the position of the matter and after some discussion it was resolved that the council be asked to take the necessary steps to have the work carried out at an early date the question of the road was also considered and it was agreed to refer the matter to the engineer for a report the correspondence was then dealt with and accounts passed for payment the meeting was held yesterday afternoon when there were present the members of the committee and a large number of residents who took a keen interest in the proceedings the chairman explained the position of the matter and after some discussion it was resolved that the council be asked to take the necessary steps to have the work carried out at an early date the question of the road was also considered and it was agreed to refer the matter to the engineer for a report the correspondence was then dealt with and accounts passed for payment the meeting was held yesterday afternoon when there were present the members of the committee and a large number of residents who took a keen interest in the proceedings the chairman explained the position of the matter and after some discussion it was resolved that the council be asked to take the necessary steps to have the work carried out at an early date the question of the road was also considered and it was agreed to refer the matter to the engineer for a report the correspondence was then dealt with and accounts passed for payment the meeting was held yesterday afternoon when there were present the members of the committee and a large number of residents who took a keen interest in the proceedings the chairman explained the position of the matter and after some discussion it was resolved that the council be asked to take the necessary steps to have the work carried out at an early date the question of the road was also considered and it was agreed to refer the matter to the engineer for a report the correspondence was then dealt with and accounts passed for payment the meeting was held yesterday afternoon when there were present the members of the committee and a large number of residents who took a keen interest in the proceedings the chairman explained the position of the matter and after some discussion it was resolved that the council be asked to take the necessary steps to have the work carried out at an early date the question of the road was also considered and it was agreed to refer the matter to the engineer for a report the correspondence was then dealt with and accounts passed for payment the meeting was held yesterday afternoon when there were present the members of the committee and a large number of residents who took a keen interest in the proceedings the chairman explained the position of the matter and after some discussion it was resolved that the council be asked to take the necessary steps to have the work carried out at an early date the question of the road was also considered and it was agreed to refer the matter to the engineer for a report the correspondence was then dealt with and accounts passed for payment

Rifle Shooting.

the meeting was held yesterday afternoon when there were present the members of the committee and a large number of residents who took a keen interest in the proceedings the chairman explained the position of the matter and after some discussion it was resolved that the council be asked to take the necessary steps to have the work carried out at an early date the question of the road was also considered and it was agreed to refer the matter to the engineer for a report the correspondence was then dealt with and accounts passed for payment the meeting was held yesterday afternoon when there were present the members of the committee and a large number of residents who took a keen interest in the proceedings the chairman explained the position of the matter and after some discussion it was resolved that the council be asked to take the necessary steps to have the work carried out at an early date the question of the road was also considered and it was agreed to refer the matter to the engineer for a report the correspondence was then dealt with and accounts passed for payment the meeting was held yesterday afternoon when there were present the members of the committee and a large number of residents who took a keen interest in the proceedings the chairman explained the position of the matter and after some discussion it was resolved that the council be asked to take the necessary steps to have the work carried out at an early date the question of the road was also considered and it was agreed to refer the matter to the engineer for a report the correspondence was then dealt with and accounts passed for payment the meeting was held yesterday afternoon when there were present the members of the committee and a large number of residents who took a keen interest in the proceedings the chairman explained the position of the matter and after some discussion it was resolved that the council be asked to take the necessary steps to have the work carried out at an early date the question of the road was also considered and it was agreed to refer the matter to the engineer for a report the correspondence was then dealt with and accounts passed for payment the meeting was held yesterday afternoon when there were present the members of the committee and a large number of residents who took a keen interest in the proceedings the chairman explained the position of the matter and after some discussion it was resolved that the council be asked to take the necessary steps to have the work carried out at an early date the question of the road was also considered and it was agreed to refer the matter to the engineer for a report the correspondence was then dealt with and accounts passed for payment the meeting was held yesterday afternoon when there were present the members of the committee and a large number of residents who took a keen interest in the proceedings the chairman explained the position of the matter and after some discussion it was resolved that the council be asked to take the necessary steps to have the work carried out at an early date the question of the road was also considered and it was agreed to refer the matter to the engineer for a report the correspondence was then dealt with and accounts passed for payment the meeting was held yesterday afternoon when there were present the members of the committee and a large number of residents who took a keen interest in the proceedings the chairman explained the position of the matter and after some discussion it was resolved that the council be asked to take the necessary steps to have the work carried out at an early date the question of the road was also considered and it was agreed to refer the matter to the engineer for a report the correspondence was then dealt with and accounts passed for payment the meeting was held yesterday afternoon when there were present the members of the committee and a large number of residents who took a keen interest in the proceedings the chairman explained the position of the matter and after some discussion it was resolved that the council be asked to take the necessary steps to have the work carried out at an early date the question of the road was also considered and it was agreed to refer the matter to the engineer for a report the correspondence was then dealt with and accounts passed for payment

Accident at the Reservoir.
NARROW ESCAPE FROM DEATH.

the meeting was held yesterday afternoon when there were present the members of the committee and a large number of residents who took a keen interest in the proceedings the chairman explained the position of the matter and after some discussion it was resolved that the council be asked to take the necessary steps to have the work carried out at an early date the question of the road was also considered and it was agreed to refer the matter to the engineer for a report the correspondence was then dealt with and accounts passed for payment the meeting was held yesterday afternoon when there were present the members of the committee and a large number of residents who took a keen interest in the proceedings the chairman explained the position of the matter and after some discussion it was resolved that the council be asked to take the necessary steps to have the work carried out at an early date the question of the road was also considered and it was agreed to refer the matter to the engineer for a report the correspondence was then dealt with and accounts passed for payment the meeting was held yesterday afternoon when there were present the members of the committee and a large number of residents who took a keen interest in the proceedings the chairman explained the position of the matter and after some discussion it was resolved that the council be asked to take the necessary steps to have the work carried out at an early date the question of the road was also considered and it was agreed to refer the matter to the engineer for a report the correspondence was then dealt with and accounts passed for payment the meeting was held yesterday afternoon when there were present the members of the committee and a large number of residents who took a keen interest in the proceedings the chairman explained the position of the matter and after some discussion it was resolved that the council be asked to take the necessary steps to have the work carried out at an early date the question of the road was also considered and it was agreed to refer the matter to the engineer for a report the correspondence was then dealt with and accounts passed for payment the meeting was held yesterday afternoon when there were present the members of the committee and a large number of residents who took a keen interest in the proceedings the chairman explained the position of the matter and after some discussion it was resolved that the council be asked to take the necessary steps to have the work carried out at an early date the question of the road was also considered and it was agreed to refer the matter to the engineer for a report the correspondence was then dealt with and accounts passed for payment the meeting was held yesterday afternoon when there were present the members of the committee and a large number of residents who took a keen interest in the proceedings the chairman explained the position of the matter and after some discussion it was resolved that the council be asked to take the necessary steps to have the work carried out at an early date the question of the road was also considered and it was agreed to refer the matter to the engineer for a report the correspondence was then dealt with and accounts passed for payment the meeting was held yesterday afternoon when there were present the members of the committee and a large number of residents who took a keen interest in the proceedings the chairman explained the position of the matter and after some discussion it was resolved that the council be asked to take the necessary steps to have the work carried out at an early date the question of the road was also considered and it was agreed to refer the matter to the engineer for a report the correspondence was then dealt with and accounts passed for payment the meeting was held yesterday afternoon when there were present the members of the committee and a large number of residents who took a keen interest in the proceedings the chairman explained the position of the matter and after some discussion it was resolved that the council be asked to take the necessary steps to have the work carried out at an early date the question of the road was also considered and it was agreed to refer the matter to the engineer for a report the correspondence was then dealt with and accounts passed for payment the meeting was held yesterday afternoon when there were present the members of the committee and a large number of residents who took a keen interest in the proceedings the chairman explained the position of the matter and after some discussion it was resolved that the council be asked to take the necessary steps to have the work carried out at an early date the question of the road was also considered and it was agreed to refer the matter to the engineer for a report the correspondence was then dealt with and accounts passed for payment the meeting was held yesterday afternoon when there were present the members of the committee and a large number of residents who took a keen interest in the proceedings the chairman explained the position of the matter and after some discussion it was resolved that the council be asked to take the necessary steps to have the work carried out at an early date the question of the road was also considered and it was agreed to refer the matter to the engineer for a report the correspondence was then dealt with and accounts passed for payment the meeting was held yesterday afternoon when there were present the members of the committee and a large number of residents who took a keen interest in the proceedings the chairman explained the position of the matter and after some discussion it was resolved that the council be asked to take the necessary steps to have the work carried out at an early date the question of the road was also considered and it was agreed to refer the matter to the engineer for a report the correspondence was then dealt with and accounts passed for payment the meeting was held yesterday afternoon when there were present the members of the committee and a large number of residents who took a keen interest in the proceedings the chairman explained the position of the matter and after some discussion it was resolved that the council be asked to take the necessary steps to have the work carried out at an early date the question of the road was also considered and it was agreed to refer the matter to the engineer for a report the correspondence was then dealt with and accounts passed for payment the meeting was held yesterday afternoon when there were present the members of the committee and a large number of residents who took a keen interest in the proceedings the chairman explained the position of the matter and after some discussion it was resolved that the council be asked to take the necessary steps to have the work carried out at an early date the question of the road was also considered and it was agreed to refer the matter to the engineer for a report the correspondence was then dealt with and accounts passed for payment the meeting was held yesterday afternoon when there were present the members of the committee and a large number of residents who took a keen interest in the proceedings the chairman explained the position of the matter and after some discussion it was resolved that the council be asked to take the necessary steps to have the work carried out at an early date the question of the road was also considered and it was agreed to refer the matter to the engineer for a report the correspondence was then dealt with and accounts passed for payment

Taranaki Referees' Association.

the meeting was held yesterday afternoon when there were present the members of the committee and a large number of residents who took a keen interest in the proceedings the chairman explained the position of the matter and after some discussion it was resolved that the council be asked to take the necessary steps to have the work carried out at an early date the question of the road was also considered and it was agreed to refer the matter to the engineer for a report the correspondence was then dealt with and accounts passed for payment the meeting was held yesterday afternoon when there were present the members of the committee and a large number of residents who took a keen interest in the proceedings the chairman explained the position of the matter and after some discussion it was resolved that the council be asked to take the necessary steps to have the work carried out at an early date the question of the road was also considered and it was agreed to refer the matter to the engineer for a report the correspondence was then dealt with and accounts passed for payment the meeting was held yesterday afternoon when there were present the members of the committee and a large number of residents who took a keen interest in the proceedings the chairman explained the position of the matter and after some discussion it was resolved that the council be asked to take the necessary steps to have the work carried out at an early date the question of the road was also considered and it was agreed to refer the matter to the engineer for a report the correspondence was then dealt with and accounts passed for payment the meeting was held yesterday afternoon when there were present the members of the committee and a large number of residents who took a keen interest in the proceedings the chairman explained the position of the matter and after some discussion it was resolved that the council be asked to take the necessary steps to have the work carried out at an early date the question of the road was also considered and it was agreed to refer the matter to the engineer for a report the correspondence was then dealt with and accounts passed for payment the meeting was held yesterday afternoon when there were present the members of the committee and a large number of residents who took a keen interest in the proceedings the chairman explained the position of the matter and after some discussion it was resolved that the council be asked to take the necessary steps to have the work carried out at an early date the question of the road was also considered and it was agreed to refer the matter to the engineer for a report the correspondence was then dealt with and accounts passed for payment the meeting was held yesterday afternoon when there were present the members of the committee and a large number of residents who took a keen interest in the proceedings the chairman explained the position of the matter and after some discussion it was resolved that the council be asked to take the necessary steps to have the work carried out at an early date the question of the road was also considered and it was agreed to refer the matter to the engineer for a report the correspondence was then dealt with and accounts passed for payment the meeting was held yesterday afternoon when there were present the members of the committee and a large number of residents who took a keen interest in the proceedings the chairman explained the position of the matter and after some discussion it was resolved that the council be asked to take the necessary steps to have the work carried out at an early date the question of the road was also considered and it was agreed to refer the matter to the engineer for a report the correspondence was then dealt with and accounts passed for payment the meeting was held yesterday afternoon when there were present the members of the committee and a large number of residents who took a keen interest in the proceedings the chairman explained the position of the matter and after some discussion it was resolved that the council be asked to take the necessary steps to have the work carried out at an early date the question of the road was also considered and it was agreed to refer the matter to the engineer for a report the correspondence was then dealt with and accounts passed for payment the meeting was held yesterday afternoon when there were present the members of the committee and a large number of residents who took a keen interest in the proceedings the chairman explained the position of the matter and after some discussion it was resolved that the council be asked to take the necessary steps to have the work carried out at an early date the question of the road was also considered and it was agreed to refer the matter to the engineer for a report the correspondence was then dealt with and accounts passed for payment the meeting was held yesterday afternoon when there were present the members of the committee and a large number of residents who took a keen interest in the proceedings the chairman explained the position of the matter and after some discussion it was resolved that the council be asked to take the necessary steps to have the work carried out at an early date the question of the road was also considered and it was agreed to refer the matter to the engineer for a report the correspondence was then dealt with and accounts passed for payment the meeting was held yesterday afternoon when there were present the members of the committee and a large number of residents who took a keen interest in the proceedings the chairman explained the position of the matter and after some discussion it was resolved that the council be asked to take the necessary steps to have the work carried out at an early date the question of the road was also considered and it was agreed to refer the matter to the engineer for a report the correspondence was then dealt with and accounts passed for payment the meeting was held yesterday afternoon when there were present the members of the committee and a large number of residents who took a keen interest in the proceedings the chairman explained the position of the matter and after some discussion it was resolved that the council be asked to take the necessary steps to have the work carried out at an early date the question of the road was also considered and it was agreed to refer the matter to the engineer for a report the correspondence was then dealt with and accounts passed for payment the meeting was held yesterday afternoon when there were present the members of the committee and a large number of residents who took a keen interest in the proceedings the chairman explained the position of the matter and after some discussion it was resolved that the council be asked to take the necessary steps to have the work carried out at an early date the question of the road was also considered and it was agreed to refer the matter to the engineer for a report the correspondence was then dealt with and accounts passed for payment the meeting was held yesterday afternoon when there were present the members of the committee and a large number of residents who took a keen interest in the proceedings the chairman explained the position of the matter and after some discussion it was resolved that the council be asked to take the necessary steps to have the work carried out at an early date the question of the road was also considered and it was agreed to refer the matter to the engineer for a report the correspondence was then dealt with and accounts passed for payment the meeting was held yesterday afternoon when there were present the members of the committee and a large number of residents who took a keen interest in the proceedings the chairman explained the position of the matter and after some discussion it was resolved that the council be asked to take the necessary steps to have the work carried out at an early date the question of the road was also considered and it was agreed to refer the matter to the engineer for a report the correspondence was then dealt with and accounts passed for payment the meeting was held yesterday afternoon when there were present the members of the committee and a large number of residents who took a keen interest in the proceedings the chairman explained the position of the matter and after some discussion it was resolved that the council be asked to take the necessary steps to have the work carried out at an early date the question of the road was also considered and it was agreed to refer the matter to the engineer for a report the correspondence was then dealt with and accounts passed for payment the meeting was held yesterday afternoon when there were present the members of the committee and a large number of residents who took a keen interest in the proceedings the chairman explained the position of the matter and after some discussion it was resolved that the council be asked to take the necessary steps to have the work carried out at an early date the question of the road was also considered and it was agreed to refer the matter to the engineer for a report the correspondence was then dealt with and accounts passed for payment the meeting was held yesterday afternoon when there were present the members of the committee and a large number of residents who took a keen interest in the proceedings the chairman explained the position of the matter and after some discussion it was resolved that the council be asked to take the necessary steps to have the work carried out at an early date the question of the road was also considered and it was agreed to refer the matter to the engineer for a report the correspondence was then dealt with and accounts passed for payment the meeting was held yesterday afternoon when there were present the members of the committee and a large number of residents who took a keen interest in the proceedings the chairman explained the position of the matter and after some discussion it was resolved that the council be asked to take the necessary steps to have the work carried out at an early date the question of the road was also considered and it was agreed to refer the matter to the engineer for a report the correspondence was then dealt with and accounts passed for payment the meeting was held yesterday afternoon when there were present the members of the committee and a large number of residents who took a keen interest in the proceedings the chairman explained the position of the matter and after some discussion it was resolved that the council be asked to take the necessary steps to have the work carried out at an early date the question of the road was also considered and it was agreed to refer the matter to the engineer for a report the correspondence was then dealt with and accounts passed for payment

Theatre Royal.
CAPTAIN SCOTT HARDEN'S PICTORIAL ENTERTAINMENT.

the meeting was held yesterday afternoon when there were present the members of the committee and a large number of residents who took a keen interest in the proceedings the chairman explained the position of the matter and after some discussion it was resolved that the council be asked to take the necessary steps to have the work carried out at an early date the question of the road was also considered and it was agreed to refer the matter to the engineer for a report the correspondence was then dealt with and accounts passed for payment the meeting was held yesterday afternoon when there were present the members of the committee and a large number of residents who took a keen interest in the proceedings the chairman explained the position of the matter and after some discussion it was resolved that the council be asked to take the necessary steps to have the work carried out at an early date the question of the road was also considered and it was agreed to refer the matter to the engineer for a report the correspondence was then dealt with and accounts passed for payment the meeting was held yesterday afternoon when there were present the members of the committee and a large number of residents who took a keen interest in the proceedings the chairman explained the position of the matter and after some discussion it was resolved that the council be asked to take the necessary steps to have the work carried out at an early date the question of the road was also considered and it was agreed to refer the matter to the engineer for a report the correspondence was then dealt with and accounts passed for payment the meeting was held yesterday afternoon when there were present the members of the committee and a large number of residents who took a keen interest in the proceedings the chairman explained the position of the matter and after some discussion it was resolved that the council be asked to take the necessary steps to have the work carried out at an early date the question of the road was also considered and it was agreed to refer the matter to the engineer for a report the correspondence was then dealt with and accounts passed for payment the meeting was held yesterday afternoon when there were present the members of the committee and a large number of residents who took a keen interest in the proceedings the chairman explained the position of the matter and after some discussion it was resolved that the council be asked to take the necessary steps to have the work carried out at an early date the question of the road was also considered and it was agreed to refer the matter to the engineer for a report the correspondence was then dealt with and accounts passed for payment the meeting was held yesterday afternoon when there were present the members of the committee and a large number of residents who took a keen interest in the proceedings the chairman explained the position of the matter and after some discussion it was resolved that the council be asked to take the necessary steps to have the work carried out at an early date the question of the road was also considered and it was agreed to refer the matter to the engineer for a report the correspondence was then dealt with and accounts passed for payment the meeting was held yesterday afternoon when there were present the members of the committee and a large number of residents who took a keen interest in the proceedings the chairman explained the position of the matter and after some discussion it was resolved that the council be asked to take the necessary steps to have the work carried out at an early date the question of the road was also considered and it was agreed to refer the matter to the engineer for a report the correspondence was then dealt with and accounts passed for payment the meeting was held yesterday afternoon when there were present the members of the committee and a large number of residents who took a keen interest in the proceedings the chairman explained the position of the matter and after some discussion it was resolved that the council be asked to take the necessary steps to have the work carried out at an early date the question of the road was also considered and it was agreed to refer the matter to the engineer for a report the correspondence was then dealt with and accounts passed for payment the meeting was held yesterday afternoon when there were present the members of the committee and a large number of residents who took a keen interest in the proceedings the chairman explained the position of the matter and after some discussion it was resolved that the council be asked to take the necessary steps to have the work carried out at an early date the question of the road was also considered and it was agreed to refer the matter to the engineer for a report the correspondence was then dealt with and accounts passed for payment the meeting was held yesterday afternoon when there were present the members of the committee and a large number of residents who took a keen interest in the proceedings the chairman explained the position of the matter and after some discussion it was resolved that the council be asked to take the necessary steps to have the work carried out at an early date the question of the road was also considered and it was agreed to refer the matter to the engineer for a report the correspondence was then dealt with and accounts passed for payment the meeting was held yesterday afternoon when there were present the members of the committee and a large number of residents who took a keen interest in the proceedings the chairman explained the position of the matter and after some discussion it was resolved that the council be asked to take the necessary steps to have the work carried out at an early date the question of the road was also considered and it was agreed to refer the matter to the engineer for a report the correspondence was then dealt with and accounts passed for payment the meeting was held yesterday afternoon when there were present the members of the committee and a large number of residents who took a keen interest in the proceedings the chairman explained the position of the matter and after some discussion it was resolved that the council be asked to take the necessary steps to have the work carried out at an early date the question of the road was also considered and it was agreed to refer the matter to the engineer for a report the correspondence was then dealt with and accounts passed for payment the meeting was held yesterday afternoon when there were present the members of the committee and a large number of residents who took a keen interest in the proceedings the chairman explained the position of the matter and after some discussion it was resolved that the council be asked to take the necessary steps to have the work carried out at an early date the question of the road was also considered and it was agreed to refer the matter to the engineer for a report the correspondence was then dealt with and accounts passed for payment the meeting was held yesterday afternoon when there were present the members of the committee and a large number of residents who took a keen interest in the proceedings the chairman explained the position of the matter and after some discussion it was resolved that the council be asked to take the necessary steps to have the work carried out at an early date the question of the road was also considered and it was agreed to refer the matter to the engineer for a report the correspondence was then dealt with and accounts passed for payment the meeting was held yesterday afternoon when there were present the members of the committee and a large number of residents who took a keen interest in the proceedings the chairman explained the position of the matter and after some discussion it was resolved that the council be asked to take the necessary steps to have the work carried out at an early date the question of the road was also considered and it was agreed to refer the matter to the engineer for a report the correspondence was then dealt with and accounts passed for payment the meeting was held yesterday afternoon when there were present the members of the committee and a large number of residents who took a keen interest in the proceedings the chairman explained the position of the matter and after some discussion it was resolved that the council be asked to take the necessary steps to have the work carried out at an early date the question of the road was also considered and it was agreed to refer the matter to the engineer for a report the correspondence was then dealt with and accounts passed for payment the meeting was held yesterday afternoon when there were present the members of the committee and a large number of residents who took a keen interest in the proceedings the chairman explained the position of the matter and after some discussion it was resolved that the council be asked to take the necessary steps to have the work carried out at an early date the question of the road was also considered and it was agreed to refer the matter to the engineer for a report the correspondence was then dealt with and accounts passed for payment the meeting was held yesterday afternoon when there were present the members of the committee and a large number of residents who took a keen interest in the proceedings the chairman explained the position of the matter and after some discussion it was resolved that the council be asked to take the necessary steps to have the work carried out at an early date the question of the road was also considered and it was agreed to refer the matter to the engineer for a report the correspondence was then dealt with and accounts passed for payment the meeting was held yesterday afternoon when there were present the members of the committee and a large number of residents who took a keen interest in the proceedings the chairman explained the position of the matter and after some discussion it was resolved that the council be asked to take the necessary steps to have the work carried out at an early date the question of the road was also considered and it was agreed to refer the matter to the engineer for a report the correspondence was then dealt with and accounts passed for payment the meeting was held yesterday afternoon when there were present the members of the committee and a large number of residents who took a keen interest in the proceedings the chairman explained the position of the matter and after some discussion it was resolved that the council be asked to take the necessary steps to have the work carried out at an early date the question of the road was also considered and it was agreed to refer the matter to the engineer for a report the correspondence was then dealt with and accounts passed for payment

LAND COMMISSION.

the meeting was held yesterday afternoon when there were present the members of the committee and a large number of residents who took a keen interest in the proceedings the chairman explained the position of the matter and after some discussion it was resolved that the council be asked to take the necessary steps to have the work carried out at an early date the question of the road was also considered and it was agreed to refer the matter to the engineer for a report the correspondence was then dealt with and accounts passed for payment the meeting was held yesterday afternoon when there were present the members of the committee and a large number of residents who took a keen interest in the proceedings the chairman explained the position of the matter and after some discussion it was resolved that the council be asked to take the necessary steps to have the work carried out at an early date the question of the road was also considered and it was agreed to refer the matter to the engineer for a report the correspondence was then dealt with and accounts passed for payment the meeting was held yesterday afternoon when there were present the members of the committee and a large number of residents who took a keen interest in the proceedings the chairman explained the position of the matter and after some discussion it was resolved that the council be asked to take the necessary steps to have the work carried out at an early date the question of the road was also considered and it was agreed to refer the matter to the engineer for a report the correspondence was then dealt with and accounts passed for payment the meeting was held yesterday afternoon when there were present the members of the committee and a large number of residents who took a keen interest in the proceedings the chairman explained the position of the matter and after some discussion it was resolved that the council be asked to take the necessary steps to have the work carried out at an early date the question of the road was also considered and it was agreed to refer the matter to the engineer for a report the correspondence was then dealt with and accounts passed for payment

Obituary.
SIR A. J. CADMAN.

the meeting was held yesterday afternoon when there were present the members of the committee and a large number of residents who took a keen interest in the proceedings the chairman explained the position of the matter and after some discussion it was resolved that the council be asked to take the necessary steps to have the work carried out at an early date the question of the road was also considered and it was agreed to refer the matter to the engineer for a report the correspondence was then dealt with and accounts passed for payment the meeting was held yesterday afternoon when there were present the members of the committee and a large number of residents who took a keen interest in the proceedings the chairman explained the position of the matter and after some discussion it was resolved that the council be asked to take the necessary steps to have the work carried out at an early date the question of the road was also considered and it was agreed to refer the matter to the engineer for a report the correspondence was then dealt with and accounts passed for payment the meeting was held yesterday afternoon when there were present the members of the committee and a large number of residents who took a keen interest in the proceedings the chairman explained the position of the matter and after some discussion it was resolved that the council be asked to take the necessary steps to have the work carried out at an early date the question of the road was also considered and it was agreed to refer the matter to the engineer for a report the correspondence was then dealt with and accounts passed for payment the meeting was held yesterday afternoon when there were present the members of the committee and a large number of residents who took a keen interest in the proceedings the chairman explained the position of the matter and after some discussion it was resolved that the council be asked to take the necessary steps to have the work carried out at an early date the question of the road was also considered and it was agreed to refer the matter to the engineer for a report the correspondence was then dealt with and accounts passed for payment the meeting was held yesterday afternoon when there were present the members of the committee and a large number of residents who took a keen interest in the proceedings the chairman explained the position of the matter and after some discussion it was resolved that the council be asked to take the necessary steps to have the work carried out at an early date the question of the road was also considered and it was agreed to refer the matter to the engineer for a report the correspondence was then dealt with and accounts passed for payment the meeting was held yesterday afternoon when there were present the members of the committee and a large number of residents who took a keen interest in the proceedings the chairman explained the position of the matter and after some discussion it was resolved that the council be asked to take the necessary steps to have the work carried out at an early date the question of the road was also considered and it was agreed to refer the matter to the engineer for a report the correspondence was then dealt with and accounts passed for payment the meeting was held yesterday afternoon when there were present the members of the committee and a large number of residents who took a keen interest in the proceedings the chairman explained the position of the matter and after some discussion it was resolved that the council be asked to take the necessary steps to have the work carried out at an early date the question of the road was also considered and it was agreed to refer the matter to the engineer for a report the correspondence was then dealt with and accounts passed for payment the meeting was held yesterday afternoon when there were present the members of the committee and a large number of residents who took a keen interest in the proceedings the chairman explained the position of the matter and after some discussion it was resolved that the council be asked to take the necessary steps to have the work carried out at an early date the question of the road was also considered and it was agreed to refer the matter to the engineer for a report the correspondence was then dealt with and accounts passed for payment the meeting was held yesterday afternoon when there were present the members of the committee and a large number of residents who took a keen interest in the proceedings the chairman explained the position of the matter and after some discussion it was resolved that the council be asked to take the necessary steps to have the work carried out at an early date the question of the road was also considered and it was agreed to refer the matter to the engineer for a report the correspondence was then dealt with and accounts passed for payment the meeting was held yesterday afternoon when there were present the members of the committee and a large number of residents who took a keen interest in the proceedings the chairman explained the position of the matter and after some discussion it was resolved that the council be asked to take the necessary steps to have the work carried out at an early date the question of the road was also considered and it was agreed to refer the matter to the engineer for a report the correspondence was then dealt with and accounts passed for payment the meeting was held yesterday afternoon when there were present the members of the committee and a large number of residents who took a keen interest in the proceedings the chairman explained the position of the matter and after some discussion it was resolved that the council be asked to take the necessary steps to have the work carried out at an early date the question of the road was also considered and it was agreed to refer the matter to the engineer for a report the correspondence was then dealt with and accounts passed for payment the meeting was held yesterday afternoon when there were present the members of the committee and a large number of residents who took a keen interest in the proceedings the chairman explained the position of the matter and after some discussion it was resolved that the council be asked to take the necessary steps to have the work carried out at an early date the question of the road was also considered and it was agreed to refer the matter to the engineer for a report the correspondence was then dealt with and accounts passed for payment the meeting was held yesterday afternoon when there were present the members of the committee and a large number of residents who took a keen interest in the proceedings the chairman explained the position of the matter and after some discussion it was resolved that the council be asked to take the necessary steps to have the work carried out at an early date the question of the road was also considered and it was agreed to refer the matter to the engineer for a report the correspondence was then dealt with and accounts passed for payment the meeting was held yesterday afternoon when there were present the members of the committee and a large number of residents who took a keen interest in the proceedings the chairman explained the position of the matter and after some discussion it was resolved that the council be asked to take the necessary steps to have the work carried out at an early date the question of the road was also considered and it was agreed to refer the matter to the engineer for a report the correspondence was then dealt with and accounts passed for payment

VICTORIA MEMORIAL.

the meeting was held yesterday afternoon when there were present the members of the committee and a large number of residents who took a keen interest in the proceedings the chairman explained the position of the matter and after some discussion it was resolved that the council be asked to take the necessary steps to have the work carried out at an early date the question of the road was also considered and it was agreed to refer the matter to the engineer for a report the correspondence was then dealt with and accounts passed for payment the meeting was held yesterday afternoon when there were present the members of the committee and a large number of residents who took a keen interest in the proceedings the chairman explained the position of the matter and after some discussion it was resolved that the council be asked to take the necessary steps to have the work carried out at an early date the question of the road was also considered and it was agreed to refer the matter to the engineer for a report the correspondence was then dealt with and accounts passed for payment the meeting was held yesterday afternoon when there were present the members of the committee and a large number of residents who took a keen interest in the proceedings the chairman explained the position of the matter and after some discussion it was resolved that the council be asked to take the necessary steps to have the work carried out at an early date the question of the road was also considered and it was agreed to refer the matter to the engineer for a report the correspondence was then dealt with and accounts passed for payment the meeting was held yesterday afternoon when there were present the members of the committee and a large number of residents who took a keen interest in the proceedings the chairman explained the position of the matter and after some discussion it was resolved that the council be asked to take the necessary steps to have the work carried out at an early date the question of the road was also considered and it was agreed to refer the matter to the engineer for a report the correspondence was then dealt with and accounts passed for payment the meeting was held yesterday afternoon when there were present the members of the committee and a large number of residents who took a keen interest in the proceedings the chairman explained the position of the matter and after some discussion it was resolved that the council be asked to take the necessary steps to have the work carried out at an early date the question of the road was also considered and it was agreed to refer the matter to the engineer for a report the correspondence was then dealt with and accounts passed for payment the meeting was held yesterday afternoon when there were present the members of the committee and a large number of residents who took a keen interest in the proceedings the chairman explained the position of the matter and after some discussion it was resolved that the council be asked to take the necessary steps to have the work carried out at an early date the question of the road was also considered and it was agreed to refer the matter to the engineer for a report the correspondence was then dealt with and accounts passed for payment the meeting was held yesterday afternoon when there were present the members of the committee and a large number of residents who took a keen interest in the proceedings the chairman explained the position of the matter and after some discussion it was resolved that the council be asked to take the necessary steps to have the work carried out at an early date the question of the road was also considered and it was agreed to refer the matter to the engineer for a report the correspondence was then dealt with and accounts passed for payment the meeting was held

SPORTING.
NELSON JOCKEY CLUB.
SECOND DAY.

the meeting was held yesterday afternoon when there were present the members of the committee and a large number of residents who took a keen interest in the proceedings the chairman explained the position of the matter and after some discussion it was resolved that the council be asked to take the necessary steps to have the work carried out at an early date the question of the road was also considered and it was agreed to refer the matter to the engineer for a report the correspondence was then dealt with and accounts passed for payment the meeting was held yesterday afternoon when there were present the members of the committee and a large number of residents who took a keen interest in the proceedings the chairman explained the position of the matter and after some discussion it was resolved that the council be asked to take the necessary steps to have the work carried out at an early date the question of the road was also considered and it was agreed to refer the matter to the engineer for a report the correspondence was then dealt with and accounts passed for payment the meeting was held yesterday afternoon when there were present the members of the committee and a large number of residents who took a keen interest in the proceedings the chairman explained the position of the matter and after some discussion it was resolved that the council be asked to take the necessary steps to have the work carried out at an early date the question of the road was also considered and it was agreed to refer the matter to the engineer for a report the correspondence was then dealt with and accounts passed for payment the meeting was held yesterday afternoon when there were present the members of the committee and a large number of residents who took a keen interest in the proceedings the chairman explained the position of the matter and after some discussion it was resolved that the council be asked to take the necessary steps to have the work carried out at an early date the question of the road was also considered and it was agreed to refer the matter to the engineer for a report the correspondence was then dealt with and accounts passed for payment the meeting was held yesterday afternoon when there were present the members of the committee and a large number of residents who took a keen interest in the proceedings the chairman explained the position of the matter and after some discussion it was resolved that the council be asked to take the necessary steps to have the work carried out at an early date the question of the road was also considered and it was agreed to refer the matter to the engineer for a report the correspondence was then dealt with and accounts passed for payment the meeting was held yesterday afternoon when there were present the members of the committee and a large number of residents who took a keen interest in the proceedings the chairman explained the position of the matter and after some discussion it was resolved that the council be asked to take the necessary steps to have the work carried out at an early date the question of the road was also considered and it was agreed to refer the matter to the engineer for a report the correspondence was then dealt with and accounts passed for payment the meeting was held yesterday afternoon when there were present the members of the committee and a large number of residents who took a keen interest in the proceedings the chairman explained the position of the matter and after some discussion it was resolved that the council be asked to take the necessary steps to have the work carried out at an early date the question of the road was also considered and it was agreed to refer the matter to the engineer for a report the correspondence was then dealt with and accounts passed for payment the meeting was held yesterday afternoon when there were present the members of the committee and a large number of residents who took a keen interest in the proceedings the chairman explained the position of the matter and after some discussion it was resolved that the council be asked to take the necessary steps to have the work carried out at an early date the question of the road was also considered and it was agreed to refer the matter to the engineer for a report the correspondence was then dealt with and accounts passed for payment the meeting was held yesterday afternoon when there were present the members of the committee and a large number of residents who took a keen interest in the proceedings the chairman explained the position of the matter and after some discussion it was resolved that the council be asked to take the necessary steps to have the work carried out at an early date the question of the road was also considered and it was agreed to refer the matter to the engineer for a report the correspondence was then dealt with and accounts passed for payment the meeting was held yesterday afternoon when there were present the members of the committee and a large number of residents who took a keen interest in the proceedings the chairman explained the position of the matter and after some discussion it was resolved that the council be asked to take the necessary steps to have the work carried out at an early date the question of the road was also considered and it was agreed to refer the matter to the engineer for a report the correspondence was then dealt with and accounts passed for payment

CANTERBURY J.C. AUTUMN MEETING.
PRINCIPAL HANDICAPS.

the meeting was held yesterday afternoon when there were present the members of the committee and a large number of residents who took a keen interest in the proceedings the chairman explained the position of the matter and after some discussion it was resolved that the council be asked to take the necessary steps to have the work carried out at an early date the question of the road was also considered and it was agreed to refer the matter to the engineer for a report the correspondence was then dealt with and accounts passed for payment the meeting was held yesterday afternoon when there were present the members of the committee and a large number of residents who took a keen interest in the proceedings the chairman explained the position of the matter and after some discussion it was resolved that the council be asked to take the necessary steps to have the work carried out at an early date the question of the road was also considered and it was agreed to refer the matter to the engineer for a report the correspondence was then dealt with and accounts passed for payment the meeting was held yesterday afternoon when there were present the members of the committee and a large number of residents who took a keen interest in the proceedings the chairman explained the position of the matter and after some discussion it was resolved that the council be asked to take the necessary steps to have the work carried out at an early date the question of the road was also considered and it was agreed to refer the matter to the engineer for a report the correspondence was then dealt with and accounts passed for payment the meeting was held yesterday afternoon when there were present the members of the committee and a large number of residents who took a keen interest in the proceedings the chairman explained the position of the matter and after some discussion it was resolved that the council be asked to take the necessary steps to have the work carried out at an early date the question of the road was also considered and it was agreed to refer the matter to the engineer for a report the correspondence was then dealt with and accounts passed for payment the meeting was held yesterday afternoon when there were present the members of the committee and a large number of residents who took a keen interest in the proceedings the chairman explained the position of the matter and after some discussion it was resolved that the council be asked to take the necessary steps to have the work carried out at an early date the question of the road was also considered and it was agreed to refer the matter to the engineer for a report the correspondence was then dealt with and accounts passed for payment the meeting was held yesterday afternoon when there were present the members of the committee and a large number of residents who took a keen interest in the proceedings the chairman explained the position of the matter and after some discussion it was resolved that the council be asked to take the necessary steps to have the work carried out at an early date the question of the road was also considered and it was agreed to refer the matter to the engineer for a report the correspondence was then dealt with and accounts passed for payment the meeting was held yesterday afternoon when there were present the members of the committee and a large number of residents who took a keen interest in the proceedings the chairman explained the position of the matter and after some discussion it was resolved that the council be asked to take the necessary steps to have the work carried out at an early date the question of the road was also considered and it was agreed to refer the matter to the engineer for a report the correspondence was then dealt with and accounts passed for payment the meeting was held yesterday afternoon when there were present the members of the committee and a large number of residents who took a keen interest in the proceedings the chairman explained the position of the matter and after some discussion it was resolved that the council be asked to take the necessary steps to have the work carried out at an early date the question of the road was also considered and it was agreed to refer the matter to the engineer for a report the correspondence was then dealt with and accounts passed for payment

NOTES BY "SENTRY."

the meeting was held yesterday afternoon when there were present the members of the committee and a large number of residents who took a keen interest in the proceedings the chairman explained the position of the matter and after some discussion it was resolved that the council be asked to take the necessary steps to have the work carried out at an early date the question of the road was also considered and it was agreed to refer the matter to the engineer for a report the correspondence was then dealt with and accounts passed for payment the meeting was held yesterday afternoon when there were present the members of the committee and a large number of residents who took a keen interest in the proceedings the chairman explained the position of the matter and after some discussion it was resolved that the council be asked to take the necessary steps to have the work carried out at an early date the question of the road was also considered and it was agreed to refer the matter to the engineer for a report the correspondence was then dealt with and accounts passed for payment the meeting was held yesterday afternoon when there were present the members of the committee and a large number of residents who took a keen interest in the proceedings the chairman explained the position of the matter and after some discussion it was resolved that the council be asked to take the necessary steps to have the work carried out at an early date the question of the road was also considered and it was agreed to refer the matter to the engineer for a report the correspondence was then dealt with and accounts passed for payment

OTAGO ANNIVERSARY.

the meeting was held yesterday afternoon when there were present the members of the committee and a large number of residents who took a keen interest in the proceedings the chairman explained the position of the matter and after some discussion it was resolved that the council be asked to take the necessary steps to have the work carried out at an early date the question of the road was also considered and it was agreed to refer the matter to the engineer for a report the correspondence was then dealt with and accounts passed for payment the meeting was held yesterday afternoon when there were present the members of the committee and a large number of residents who took a keen interest in the proceedings the chairman explained the position of the matter and after some discussion it was resolved that the council be asked to take the necessary steps to have the work carried out at an early date the question of the road was also considered and it was agreed to refer the matter to the engineer for a report the correspondence was then dealt with and accounts passed for payment the meeting was held yesterday afternoon when there were present the members of the committee and a large number of residents who took a keen interest in the proceedings the chairman explained the position of the matter and after some discussion it was resolved that the council be asked to take the necessary steps to have the work carried out at an early date the question of the road was also considered and it was agreed to refer the matter to the engineer for a report the correspondence was then dealt with and accounts passed for payment the meeting was held yesterday afternoon when there were present the members of the committee and a large number of residents who took a keen interest in the proceedings the chairman explained the position of the matter and after some discussion it was resolved that the council be asked to take the necessary steps to have the work carried out at an early date the question of the road was also considered and it was agreed to refer the matter to the engineer for a report the correspondence was then dealt with and accounts passed for payment the meeting was held yesterday afternoon when there were present the members of the committee and a large number of residents who took a keen interest in the proceedings the chairman explained the position of the matter and after some discussion it was resolved that the council be asked to take the necessary steps to have the work carried out at an early date the question of the road was also considered and it was agreed to refer the matter to the engineer for a report the correspondence was then dealt with and accounts passed for payment the meeting was held yesterday afternoon when there were present the members of the committee and a large number of residents who took a keen interest in the proceedings the chairman explained the position of the matter and after some discussion it was resolved that the council be asked to take the necessary steps to have the work carried out at an early date the question of the road was also considered and it was agreed to refer the matter to the engineer for a report the correspondence was then dealt with and accounts passed for payment

British Politics.
THE FISCAL QUESTION.

the meeting was held yesterday afternoon when there were present the members of the committee and a large number of residents who took a keen interest in the proceedings the chairman explained the position of the matter and after some discussion it was resolved that the council be asked to take the necessary steps to have the work carried out at an early date the question of the road was also considered and it was agreed to refer the matter to the engineer for a report the correspondence was then dealt with and accounts passed for payment the meeting was held yesterday afternoon when there were present the members of the committee and a large number of residents who took a keen interest in the proceedings the chairman explained the position of the matter and after some discussion it was resolved that the council be asked to take the necessary steps to have the work carried out at an early date the question of the road was also considered and it was agreed to refer the matter to the engineer for a report the correspondence was then dealt with and accounts passed for payment the meeting was held yesterday afternoon when there were present the members of the committee and a large number of residents who took a keen interest in the proceedings the chairman explained the position of the matter and after some discussion it was resolved that the council be asked to take the necessary steps to have the work carried out at an early date the question of the road was also considered and it was agreed to refer the matter to the engineer for a report the correspondence was then dealt with and accounts passed for payment the meeting was held yesterday afternoon when there were present the members of the committee and a large number of residents who took a keen interest in the proceedings the chairman explained the position of the matter and after some discussion it was resolved that the council be asked to take the necessary steps to have the work carried out at an early date the question of the road was also considered and it was agreed to refer the matter to the engineer for a report the correspondence was then dealt with and accounts passed for payment the meeting was held yesterday afternoon when there were present the members of the committee and a large number of residents who took a keen interest in the proceedings the chairman explained the position of the matter and after some discussion it was resolved that the council be asked to take the necessary steps to have the work carried out at an early date the question of the road was also considered and it was agreed to refer the matter to the engineer for a report the correspondence was then dealt with and accounts passed for payment the meeting was held yesterday afternoon when there were present the members of the committee and a large number of residents who took a keen interest in the proceedings the chairman explained the position of the matter and after some discussion it was resolved that the council be asked to take the necessary steps to have the work carried out at an early date the question of the road was also considered and it was agreed to refer the matter to the engineer for a report the correspondence was then dealt with and accounts passed for payment

THE BUDGET.

the meeting was held yesterday afternoon when there were present the members of the committee and a large number of residents who took a keen interest in the proceedings the chairman explained the position of the matter and after some discussion it was resolved that the council be asked to take the necessary steps to have the work carried out at an early date the question of the road was also considered and it was agreed to refer the matter to the engineer for a report the correspondence was then dealt with and accounts passed for payment the meeting was held yesterday afternoon when there were present the members of the committee and a large number of residents who took a keen interest in the proceedings the chairman explained the position of the matter and after some discussion it was resolved that the council be asked to take the necessary steps to have the work carried out at an early date the question of the road was also considered and it was agreed to refer the matter to the engineer for a report the correspondence was then dealt with and accounts passed for payment

Moroccan Affairs.
FRENCH PROPOSALS.

the meeting was held yesterday afternoon when there were present the members of the committee and a large number of residents who took a keen interest in the proceedings the chairman explained the position of the matter and after some discussion it was resolved that the council be asked to take the necessary steps to have the work carried out at an early date the question of the road was also considered and it was agreed to refer the matter to the engineer for a report the correspondence was then dealt with and accounts passed for payment the meeting was held yesterday afternoon when there were present the members of the committee and a large number of residents who took a keen interest in the proceedings the chairman explained the position of the matter and after some discussion it was resolved that the council be asked to take the necessary steps to have the work carried out at an early date the question of the road was also considered and it was agreed to refer the matter to the engineer for a report the correspondence was then dealt with and accounts passed for payment the meeting was held yesterday afternoon when there were present the members of the committee and a large number of residents who took a keen interest in the proceedings the chairman explained the position of the matter and after some discussion it was resolved that the council be asked to take the necessary steps to have the work carried out at an early date the question of the road was also considered and it was agreed to refer the matter to the engineer for a report the correspondence was then dealt with and accounts passed for payment the meeting was held yesterday afternoon when there were present the members of the committee and a large number of residents who took a keen interest in the proceedings the chairman explained the position of the matter and after some discussion it was resolved that the council be asked to take the necessary steps to have the work carried out at an early date the question of the road was also considered and it was agreed to refer the matter to the engineer for a report the correspondence was then dealt with and accounts passed for payment

GERMANY'S OBJECT.
NOT AGGRANDISEMENT BUT TRADE.

the meeting was held yesterday afternoon when there were present the members of the committee and a large number of residents who took a keen interest in the proceedings the chairman explained the position of the matter and after some discussion it was resolved that the council be asked to take the necessary steps to have the work carried out at an early date the question of the road was also considered and it was agreed to refer the matter to the engineer for a report the correspondence was then dealt with and accounts passed for payment the meeting was held yesterday afternoon when there were present the members of the committee and a large number of residents who took a keen interest in the proceedings the chairman explained the position of the matter and after some discussion it was resolved that the council be asked to take the necessary steps to have the work carried out at an early date the question of the road was also considered and it was agreed to refer the matter to the engineer for a report the correspondence was then dealt with and accounts passed for payment the meeting was held yesterday afternoon when there were present the members of the committee and a large number of residents who took a keen interest in the proceedings the chairman explained the position of the matter and after some discussion it was resolved that the council be asked to take the necessary steps to have the work carried out at an early date the question of the road was also considered and it was agreed to refer the matter to the engineer for a report the correspondence was then dealt with and accounts passed for payment the meeting was held yesterday afternoon when there were present the members of the committee and a large number of residents who took a keen interest in the proceedings the chairman explained the position of the matter and after some discussion it was resolved that the council be asked to take the necessary steps to have the work carried out at an early date the question of the road was also considered and it was agreed to refer the matter to the engineer for a report the correspondence was then dealt with and accounts passed for payment the meeting was held yesterday afternoon when there were present the members of the committee and a large number of residents who took a keen interest in the proceedings the chairman explained the position of the matter and after some discussion it was resolved that the council be asked to take the necessary steps to have the work carried out at an early date the question of the road was also considered and it was agreed to refer the matter to the engineer for a report the correspondence was then dealt with and accounts passed for payment the meeting was held yesterday afternoon when there were present the members of the committee and a large number of residents who took a keen interest in the proceedings the chairman explained the position of the matter and after some discussion it was resolved that the council be asked to take the necessary steps to have the work carried out at an early date the question of the road was also considered and it was agreed to refer the matter to the engineer for a report the correspondence was then dealt with and accounts passed for payment

CRICKET.

the meeting was held yesterday afternoon when there were present the members of the committee and a large number of residents who took a keen interest in the proceedings the chairman explained the position of the matter and after some discussion it was resolved that the council be asked to take the necessary steps to have the work carried out at an early date the question of the road was also considered and it was agreed to refer the matter to the engineer for a report the correspondence was then dealt with and accounts passed for payment the meeting was held yesterday afternoon when there were present the members of the committee and a large number of residents who took a keen interest in the proceedings the chairman explained the position of the matter and after some discussion it was resolved that the council be asked to take the necessary steps to have the work carried out at an early date the question of the road was also considered and it was agreed to refer the matter to the engineer for a report the correspondence was then dealt with and accounts passed for payment the meeting was held yesterday afternoon when there were present the members of the committee and a large number of residents who took a keen interest in the proceedings the chairman explained the position of the matter and after some discussion it was resolved that the council be asked to take the necessary steps to have the work carried out at an early date the question of the road was also considered and it was agreed to refer the matter to the engineer for a report the correspondence was then dealt with and accounts passed for payment the meeting was held yesterday afternoon when there were present the members of the committee and a large number of residents who took a keen interest in the proceedings the chairman explained the position of the matter and after some discussion it was resolved that the council be asked to take the necessary steps to have the work carried out at an early date the question of the road was also considered and it was agreed to refer the matter to the engineer for a report the correspondence was then dealt with and accounts passed for payment

MAORI PROHIBITION LAWS.
CAPTAIN MAIR FINED £5.

the meeting was held yesterday afternoon when there were present the members of the committee and a large number of residents who took a keen interest in the proceedings the chairman explained the position of the matter and after some discussion it was resolved that the council be asked to take the necessary steps to have the work carried out at an early date the question of the road was also considered and it was agreed to refer the matter to the engineer for a report the correspondence was then dealt with and accounts passed for payment the meeting was held yesterday afternoon when there were present the members of the committee and a large number of residents who took a keen interest in the proceedings the chairman explained the position of the matter and after some discussion it was resolved that the council be asked to take the necessary steps to have the work carried out at an early date the question of the road was also considered and it was agreed to refer the matter to the engineer for a report the correspondence was then dealt with and accounts passed for payment the meeting was held yesterday afternoon when there were present the members of the committee and a large number of residents who took a keen interest in the proceedings the chairman explained the position of the matter and after some discussion it was resolved that the council be asked to take the necessary steps to have the work carried out at an early date the question of the road was also considered and it was agreed to refer the matter to the engineer for a report the correspondence was then dealt with and accounts passed for payment the meeting was held yesterday afternoon when there were present the members of the committee and a large number of residents who took a keen interest in the proceedings the chairman explained the position of the matter and after some discussion it was resolved that the council be asked to take the necessary steps to have the work carried out at an early date the question of the road was also considered and it was agreed to refer the matter to the engineer for a report the correspondence was then dealt with and accounts passed for payment the meeting was held yesterday afternoon when there were present the members of the committee and a large number of residents who took a keen interest in the proceedings the chairman explained the position of the matter and after some discussion it was resolved that the council be asked to take the necessary steps to have the work carried out at an early date the question of the road was also considered and it was agreed to refer the matter to the engineer for a report the correspondence was then dealt with and accounts passed for payment the meeting was held yesterday afternoon when there were present the members of the committee and a large number of residents who took a keen interest in the proceedings the chairman explained the position of the matter and after some discussion it was resolved that the council be asked to take the necessary steps to have the work carried out at an early date the question of the road was also considered and it was agreed to refer the matter to the engineer for a report the correspondence was then dealt with and accounts passed for payment the meeting was held yesterday afternoon when there were present the members of the committee and a large number of residents who took a keen interest in the proceedings the chairman explained the position of the matter and after some discussion it was resolved that the council be asked to take the necessary steps to have the work carried out at an early date the question of the road was also considered and it was agreed to refer the matter to the engineer for a report the correspondence was then dealt with and accounts passed for payment the meeting was held yesterday afternoon when there were present the members of the committee and a large number of residents who took a keen interest in the proceedings the chairman explained the position of the matter and after some discussion it was resolved that the council be asked to take the necessary steps to have the work carried out at an early date the question of the road was also considered and it was agreed to refer the matter to the engineer for a report the correspondence was then dealt with and accounts passed for payment the meeting was held yesterday afternoon when there were present the members of the committee and a large number of residents who took a keen interest in the proceedings the chairman explained the position of the matter and after some discussion it was resolved that the council be asked to take the necessary steps to have the work carried out at an early date the question of the road was also considered and it was agreed to refer the matter to the engineer for a report the correspondence was then dealt with and accounts passed for payment the meeting was held yesterday afternoon when there were present the members of the committee and a large number of residents who took a keen interest in the proceedings the chairman explained the position of the matter and after some discussion it was resolved that the council be asked to take the necessary steps to have the work carried out at an early date the question of the road was also considered and it was agreed to refer the matter to the engineer for a report the correspondence was then dealt with and accounts passed for payment

Sydney "Truth."
THE WELLINGTON CASE.

the meeting was held yesterday afternoon when there were present the members of the committee and a large number of residents who took a keen interest in the proceedings the chairman explained the position of the matter and after some discussion it was resolved that the council be asked to take the necessary steps to have the work carried out at an early date the question of the road was also considered and it was agreed to refer the matter to the engineer for a report the correspondence was then dealt with and accounts passed for payment the meeting was held yesterday afternoon when there were present the members of the committee and a large number of residents who took a keen interest in the proceedings the chairman explained the position of the matter and after some discussion it was resolved that the council be asked to take the necessary steps to have the work carried out at an early date the question of the road was also considered and it was agreed to refer the matter to the engineer for a report the correspondence was then dealt with and accounts passed for payment the meeting was held yesterday afternoon when there were present the members of the committee and a large number of residents who took a keen interest in the proceedings the chairman explained the position of the matter and after some discussion it was resolved that the council be asked to take the necessary steps to have the work carried out at an early date the question of the road was also considered and it was agreed to refer the matter to the engineer for a report the correspondence was then dealt with and accounts passed for payment the meeting was held yesterday afternoon when there were present the members of the committee and a large number of residents who took a keen interest in the proceedings the chairman explained the position of the matter and after some discussion it was resolved that the council be asked to take the necessary steps to have the work carried out at an early date the question of the road was also considered and it was agreed to refer the matter to the engineer for a report the correspondence was then dealt with and accounts passed for payment

FIRE IN NELSON.

the meeting was held yesterday afternoon when there were present the members of the committee and a large number of residents who took a keen interest in the proceedings the chairman explained the position of the matter and after some discussion it was resolved that the council be asked to take the necessary steps to have the work carried out at an early date the question of the road was also considered and it was agreed to refer the matter to the engineer for a report the correspondence was then dealt with and accounts passed for payment the meeting was held yesterday afternoon when there were present the members of the committee and a large number of residents who took a keen interest in the proceedings the chairman explained the position of the matter and after some discussion it was resolved that the council be asked to take the necessary steps to have the work carried out at an early date the question of the road was also considered and it was agreed to refer the matter to the engineer for a report the correspondence was then dealt with and accounts passed for payment the meeting was held yesterday afternoon when there were present the members of the committee and a large number of residents who took a keen interest in the proceedings the chairman explained the position of the matter and after some discussion it was resolved that the council be asked to take the necessary steps to have the work carried out at an early date the question of the road was also considered and it was agreed to refer the matter to the engineer for a report the correspondence was then dealt with and accounts passed for payment the meeting was held yesterday afternoon when there were present the members of the committee and a large number of residents who took a keen interest in the proceedings the chairman explained the position of the matter and after some discussion it was resolved that the council be asked to take the necessary steps to have the work carried out at an early date the question of the road was also considered and it was agreed to refer the matter to the engineer for a report the correspondence was then dealt with and accounts passed for payment

FARMERS' UNION.
MUTUAL INSURANCE.
THE STERILISATION QUESTION.

the meeting was held yesterday afternoon when there were present the members of the committee and a large number of residents who took a keen interest in the proceedings the chairman explained the position of the matter and after some discussion it was resolved that the council be asked to take the necessary steps to have the work carried out at an early date the question of the road was also considered and it was agreed to refer the matter to the engineer for a report the correspondence was then dealt with and accounts passed for payment the meeting was held yesterday afternoon when there were present the members of the committee and a large number of residents who took a keen interest in the proceedings the chairman explained the position of the matter and after some discussion it was resolved that the council be asked to take the necessary steps to have the work carried out at an early date the question of the road was also considered and it was agreed to refer the matter to the engineer for a report the correspondence was then dealt with and accounts passed for payment the meeting was held yesterday afternoon when there were present the members of the committee and a large number of residents who took a keen interest in the proceedings the chairman explained the position of the matter and after some discussion it was resolved that the council be asked to take the necessary steps to have the work carried out at an early date the question of the road was also considered and it was agreed to refer the matter to the engineer for a report the correspondence was then dealt with and accounts passed for payment the meeting was held yesterday afternoon when there were present the members of the committee and a large number of residents who took a keen interest in the proceedings the chairman explained the position of the matter and after some discussion it was resolved that the council be asked to take the necessary steps to have the work carried out at an early date the question of the road was also considered and it was agreed to refer the matter to the engineer for a report the correspondence was then dealt with and accounts passed for payment the meeting was held yesterday afternoon when there were present the members of the committee and a large number of residents who took a keen interest in the proceedings the chairman explained the position of the matter and after some discussion it was resolved that the council be asked to take the necessary steps to have the work carried out at an early date the question of the road was also considered and it was agreed to refer the matter to the engineer for a report the correspondence was then dealt with and accounts passed for payment the meeting was held yesterday afternoon when there were present the members of the committee and a large number of residents who took a keen interest in the proceedings the chairman explained the position of the matter and after some discussion it was resolved that the council be asked to take the necessary steps to have the work carried out at an early date the question of the road was also considered and it was agreed to refer the matter to the engineer for a report the correspondence was then dealt with and accounts passed for payment the meeting was held yesterday afternoon when there were present the members of the committee and a large number of residents who took a keen interest in the proceedings the chairman explained the position of the matter and after some discussion it was resolved that the council be asked to take the necessary steps to have the work carried out at an early date the question of the road was also considered and it was agreed to refer the matter to the engineer for a report the correspondence was then dealt with and accounts passed for payment the meeting was held yesterday afternoon when there were present the members of the committee and a large number of residents who took a keen interest in the proceedings the chairman explained the position of the matter and after some discussion it was resolved that the council be asked to take the necessary steps to have the work carried out at an early date the question of the road was also considered and it was agreed to refer the matter to the engineer for a report the correspondence was then dealt with and accounts passed for payment the meeting was held yesterday afternoon when there were present the members of the committee and a large number of residents who took a keen interest in the proceedings the chairman explained the position of the matter and after some discussion it was resolved that the council be asked to take the necessary steps to have the work carried out at an early date the question of the road was also considered and it was agreed to refer the matter to the engineer for a report the correspondence was then dealt with and accounts passed for payment the meeting was held yesterday afternoon when there were present the members of the committee and a large number of residents who took a keen interest in the proceedings the chairman explained the position of the matter and after some discussion it was resolved that the council be asked to take the necessary steps to have the work carried out at an early date the question of the road was also considered and it was agreed to refer the matter to the engineer for a report the correspondence was then dealt with and accounts passed for payment the meeting was held yesterday afternoon when there were present the members of the committee and a large number of residents who took a keen interest in the proceedings the chairman explained the position of the matter and after some discussion it was resolved that the council be asked to take the necessary steps to have the work carried out at an early date the question of the road was also considered and it was agreed to refer the matter to the engineer for a report the correspondence was then dealt with and accounts passed for payment the meeting was held yesterday afternoon when there were present the members of the committee and a large number of residents who took a keen interest in the proceedings the chairman explained the position of the matter and after some discussion it was resolved that the council be asked to take the necessary steps to have the work carried out at an early date the question of the road was also considered and it was agreed to refer the matter to the engineer for a report the correspondence was then dealt with and accounts passed for payment the meeting was held yesterday afternoon when there were present the members of the committee and a large number of residents who took a keen interest in the proceedings the chairman explained the position of the matter and after some discussion it was resolved that the council be asked to take the necessary steps to have the work carried out at an early date the question of the road was also considered and it was agreed to refer the matter to the engineer for a report the correspondence was then dealt with and accounts passed for payment the meeting was held yesterday afternoon when there were present the members of the committee and a large number of residents who took a keen interest in the proceedings the chairman explained the position of the matter and after some discussion it was resolved that the council be asked to take the necessary steps to have the work carried out at an early date the question of the road was also considered and it was agreed to refer the matter to the engineer for a report the correspondence was then dealt with and accounts passed for payment the meeting was held yesterday afternoon when there were present the members of the committee and a large number of residents who took a keen interest in the proceedings the chairman explained the position of the matter and after some discussion it was resolved that the council be asked to take the necessary steps to have the work carried out at an early date the question of the road was also considered and it was agreed to refer the matter to the engineer for a report the correspondence was then dealt with and accounts passed for payment the meeting was held yesterday afternoon when there were present the members of the committee and a large number of residents who took a keen interest in the proceedings the chairman explained the position of the matter and after some discussion it was resolved that the council be asked to take the necessary steps to have the work carried out at an early date the question of the road was also considered and it was agreed to refer the matter to the engineer for a report the correspondence was then dealt with and accounts passed for payment the meeting was held yesterday afternoon when there were present the members of the committee and a large number of residents who took a keen interest in the proceedings the chairman explained the position of the matter and after some discussion it was resolved that the council be asked to take the necessary steps to have the work carried out at an early date the question of the road was also considered and it was agreed to refer the matter to the engineer for a report the correspondence was then dealt with and accounts passed for payment the meeting was held yesterday afternoon when there were present the members of the committee and a large number of residents who took a keen interest in the proceedings the chairman explained the position of the matter and after some discussion it was resolved that the council be asked to take the necessary steps to have the work carried out at an early date the question of the road was also considered and it was agreed to refer the matter to the engineer for a report the correspondence was then dealt with and accounts passed for payment the meeting was held yesterday afternoon when there were present the members of the committee and a large number of residents who took a keen interest in the proceedings the chairman explained the position of the matter and after some discussion it was resolved that the council be asked to take the necessary steps to have the work carried out at an early date the question of the road was also considered and it was agreed to refer the matter to the engineer for a report the correspondence was then dealt with and accounts passed for payment the meeting was held yesterday afternoon when there were present the members of the committee and a large number of residents who took a keen interest in the proceedings the chairman explained the position of the matter and after some discussion it was resolved that the council be asked to take the necessary steps to have the work carried out at an early date the question of the road was also considered and it was agreed to refer the matter to the engineer for a report the correspondence was then dealt with and accounts passed for payment the meeting was held yesterday afternoon when there were present the members of the committee and a large number of residents who took a keen interest in the proceedings the chairman explained the position of the matter and after some discussion it was resolved that the council be asked to take the necessary steps to have the work carried out at an early date the question of the road was also considered and it was agreed to refer the matter to the engineer for a report the correspondence was then dealt with and accounts passed for payment the meeting was held yesterday afternoon when there were present the members of the committee and a large number of residents who took a keen interest in the proceedings the chairman explained the position of the matter and after some discussion it was resolved that the council be asked to take the necessary steps to have the work carried out at an early date the question of the road was also considered and it was agreed to refer the matter to the engineer for a report the correspondence was then dealt with and accounts passed for payment the meeting was held yesterday afternoon when there were present the members of the committee and a large number of residents who took a keen interest in the proceedings the chairman explained the position of the matter and after some discussion it was resolved that the council be asked to take the necessary steps to have the work carried out at an early date the question of the road was also considered and it was agreed to refer the matter to the engineer for a report the correspondence was then dealt with and accounts passed for payment the meeting was held yesterday afternoon when there were present the members of the committee and a large number of residents who took a keen interest in the proceedings the chairman explained the position of the matter and after some discussion it was resolved that the council be asked to take the necessary steps to have the work carried out at an early date the question of the road was also considered and it was agreed to refer the matter to the engineer for a report the correspondence was then dealt with and accounts passed for payment the meeting was held yesterday afternoon when there were present the members of the committee and a large number of residents who took a keen interest in the proceedings the chairman explained the position of the matter and after some discussion it was resolved that the council be asked to take the necessary steps to have the work carried out at an early date the question of the road was also considered and it was agreed to refer the matter to the engineer for a report the correspondence was then dealt with and accounts passed for payment the meeting was held yesterday afternoon when there were present the members of the committee and a large number of residents who took a keen interest in the proceedings the chairman explained the position of the matter and after some discussion it was resolved that the council be asked to take the necessary steps to have the work carried out at an early date the question of the road was also considered and it was agreed to refer the matter to the engineer for a report the correspondence was then dealt with and accounts passed for payment the meeting was held yesterday afternoon when there were present the members of the committee and a large number of residents who took a keen interest in the proceedings the chairman explained the position of the matter and after some discussion it was resolved that the council be asked to take the necessary steps to have the work carried out at an early date the question of the road was also considered and it was agreed to refer the matter to the engineer for a report the correspondence was then dealt with and accounts passed for payment the meeting was held yesterday afternoon when there were present the members of the committee and a large number of residents who took a keen interest in the proceedings the chairman explained the position of the matter and after some discussion it was resolved that the council be asked to take the necessary steps to have the work carried out at an early date the question of the road was also considered and it was agreed to refer the matter to the engineer for a report the correspondence was then dealt with and accounts passed for payment the meeting was held yesterday afternoon when there were present the members of the committee and a large number of residents who took a keen interest in the proceedings the chairman explained the position of the matter and after some discussion it was resolved that the council be asked to take the necessary steps to have the work carried out at an early date the question of the road was also considered and it was agreed to refer the matter to the engineer for a report the correspondence was then dealt with and accounts passed for payment the meeting was held yesterday afternoon when there were present the members of the committee and a large number of residents who took a keen interest in the proceedings the chairman explained the position of the matter and after some discussion it was resolved that the council be asked to take the necessary steps to have the work carried out at an early date the question of the road was also considered and it was agreed to refer the matter to the engineer for a report the correspondence was then dealt with and accounts passed for payment the meeting was held yesterday afternoon when there were present the members of the committee and a large number of residents who took a keen interest in the proceedings the chairman explained the position of the matter and after some discussion it was resolved that the council be asked to take the necessary steps to have the work carried out at an early date the question of the road was also considered and it was agreed to refer the matter to the engineer for a report the correspondence was then dealt with and accounts passed for payment the meeting was held yesterday afternoon when there were present the members of the committee and a large number of residents who took a keen interest in the proceedings the chairman explained the position of the matter and after some discussion it was resolved that the council be asked to take the necessary steps to have the work carried out at an early date the question of the road was also considered and it was agreed to refer the matter to the engineer for a report the correspondence was then dealt with and accounts passed for payment the meeting was held yesterday afternoon when there were present the members of the committee and a large number of residents who took a keen interest in the proceedings the chairman explained the position of the matter and after some discussion it was resolved that the council be asked to take the necessary steps to have the work carried out at an early date the question of the road was also considered and it was agreed to refer the matter to the engineer for a report the correspondence was then dealt with and accounts passed for payment the meeting was held yesterday afternoon when there were present the members of the committee and a large number of residents who took a keen interest in the proceedings the chairman explained the position of the matter and after some discussion it was resolved that the council be asked to take the necessary steps to have the work carried out at an early date the question of the road was also considered and it was agreed to refer the matter to the engineer for a report the correspondence was then dealt with and accounts passed for payment the meeting was held yesterday afternoon when there were present the members of the committee and a large number of residents who took a keen interest in the proceedings the chairman explained the position of the matter and after some discussion it was resolved that the council be asked to take the necessary steps to have the work carried out at an early date the question of the road was also considered and it was agreed to refer the matter to the engineer for a report the correspondence was then dealt with and accounts passed for payment the meeting was held yesterday afternoon when there were present the members of the committee and a large number of residents who took a keen interest in the proceedings the chairman explained the position of the matter and after some discussion it was resolved that the council be asked to take the necessary steps to have the work carried out at an early date the question of the road was also considered and it was agreed to refer the matter to the engineer for a report the correspondence was then dealt with and accounts passed for payment the meeting was held yesterday afternoon when there were present the members of the committee and a large number of residents who took a keen interest in the proceedings the chairman explained the position of the matter and after some discussion it was resolved that the council be asked to take the necessary steps to have the work carried out at an early date the question of the road was also considered and it was agreed to refer the matter to the engineer for a report the correspondence was then dealt with and accounts passed for payment the meeting was held yesterday afternoon when there were present the members of the committee and a large number of residents who took a keen interest in the proceedings the chairman explained the position of the matter and after some discussion it was resolved that the council be asked to take the necessary steps to have the work carried out at an early date the question of the road was also considered and it was agreed to refer the matter to the engineer for a report the correspondence was then dealt with and accounts passed for payment the meeting was held yesterday afternoon when there were present the members of the committee and a large number of residents who took a keen interest in the proceedings the chairman explained the position of the matter and after some discussion it was resolved that the council be asked to take the necessary steps to have the work carried out at an early date the question of the road was also considered and it was agreed to refer the matter to the engineer for a report the correspondence was then dealt with and accounts passed for payment the meeting was held yesterday afternoon when there were present the members of the committee and a large number of residents who took a keen interest in the proceedings the chairman explained the position of the matter and after some discussion it was resolved that the council be asked to take the necessary steps to have the work carried out at an early date the question of the road was also considered and it was agreed to refer the matter to the engineer for a report the correspondence was then dealt with and accounts passed for payment

MORE PRAISE FOR BROOKES.

the meeting was held yesterday afternoon when there were present the members of the committee and a large number of residents who took a keen interest in the proceedings the chairman explained the position of the matter and after some discussion it was resolved that the council be asked to take the necessary steps to have the work carried out at an early date the question of the road was also considered and it was agreed to refer the matter to the engineer for a report the correspondence was then dealt with and accounts passed for payment the meeting was held yesterday afternoon when there were present the members of the committee and a large number of residents who took a keen interest in the proceedings the chairman explained the position of the matter and after some discussion it was resolved that the council be asked to take the necessary steps to have the work carried out at an early date the question of the road was also considered and it was agreed to refer the matter to the engineer for a report the correspondence was then dealt with and accounts passed for payment the meeting was held yesterday afternoon when there were present the members of the committee and a large number of residents who took a keen interest in the proceedings the chairman explained the position of the matter and after some discussion it was resolved that the council be asked to take the necessary steps to have the work carried out at an early date the question of the road was also considered and it was agreed to refer the matter to the engineer for a report the correspondence was then dealt with and accounts passed for payment the meeting was held yesterday afternoon when there were present the members of the committee and a large number of residents who took a keen interest in the proceedings the chairman explained the position of the matter and after some discussion it was resolved that the council be asked to take the necessary steps to have the work carried out at an early date the question of the road was also considered and it was agreed to refer the matter to the engineer for a report the correspondence was then dealt with and accounts passed for payment the meeting was held yesterday afternoon when there were present the members of the committee and a large number of residents who took a keen interest in the proceedings the chairman explained the position of the matter and after some discussion it was resolved that the council be asked to take the necessary steps to have the work carried out at an early date the question of the road was also considered and it was agreed to refer the matter to the engineer for a report the correspondence was then dealt with and accounts passed for payment the meeting was held yesterday afternoon when there were present the members of the committee and a large number of residents who took a keen interest in the proceedings the chairman explained the position of the matter and after some discussion it was resolved that the council be asked to take the necessary steps to have the work carried out at an early date the question of the road was also considered and it was agreed to refer the matter to the engineer for a report the correspondence was then dealt with and accounts passed for payment the meeting was held yesterday afternoon when there were present the members of the committee and a large number of residents who took a keen interest in the proceedings the chairman explained the position of the matter and after some discussion it was resolved that the council be asked to take the necessary steps to have the work carried out at an early date the question of the road was also considered and it was agreed to refer the matter to the engineer for a report the correspondence was then dealt with and accounts passed for payment the meeting was held yesterday afternoon when there were present the members of the committee and a large number of residents who took a keen interest in the proceedings the chairman explained the position of the matter and after some discussion it was resolved that the council be asked to take the necessary steps to have the work carried out at an early date the question of the road was also considered and it was agreed to refer the matter to the engineer for a report the correspondence was then dealt with and accounts passed for payment the meeting was held yesterday afternoon when there were present the members of the committee and a large number of residents who took a keen interest in the proceedings the chairman explained the position of the matter and after some discussion it was resolved that the council be asked to take the necessary steps to have the work carried out at an early date the question of the road was also considered and it was agreed to refer the matter to the engineer for a report the correspondence was then dealt with and accounts passed for payment the meeting was held yesterday afternoon when there were present the members of the committee and a large number of residents who took a keen interest in the proceedings the chairman explained the position of the matter and after some discussion it was resolved that the council be asked to take the necessary steps to have the work carried out at an early date the question of the road was also considered and it was agreed to refer the matter to the engineer for a report the correspondence was then dealt with and accounts passed for payment the meeting was held yesterday afternoon when there were present the members of the committee and a large number of residents who took a keen interest in the proceedings the chairman explained the position of the matter and after some discussion it was resolved that the council be asked to take the necessary steps to have the work carried out at an early date the question of the road was also considered and it was agreed to refer the matter to the engineer for a report the correspondence was then dealt with and accounts passed for payment the meeting was held yesterday afternoon when there were present the members of the committee and a large number of residents who took a keen interest in the proceedings the chairman explained the position of the matter and after some discussion it was resolved that the council be asked to take the necessary steps to have the work carried out at an early date the question of the road was also considered and it was agreed to refer the matter to the engineer for a report the correspondence was then dealt with and accounts passed for payment
